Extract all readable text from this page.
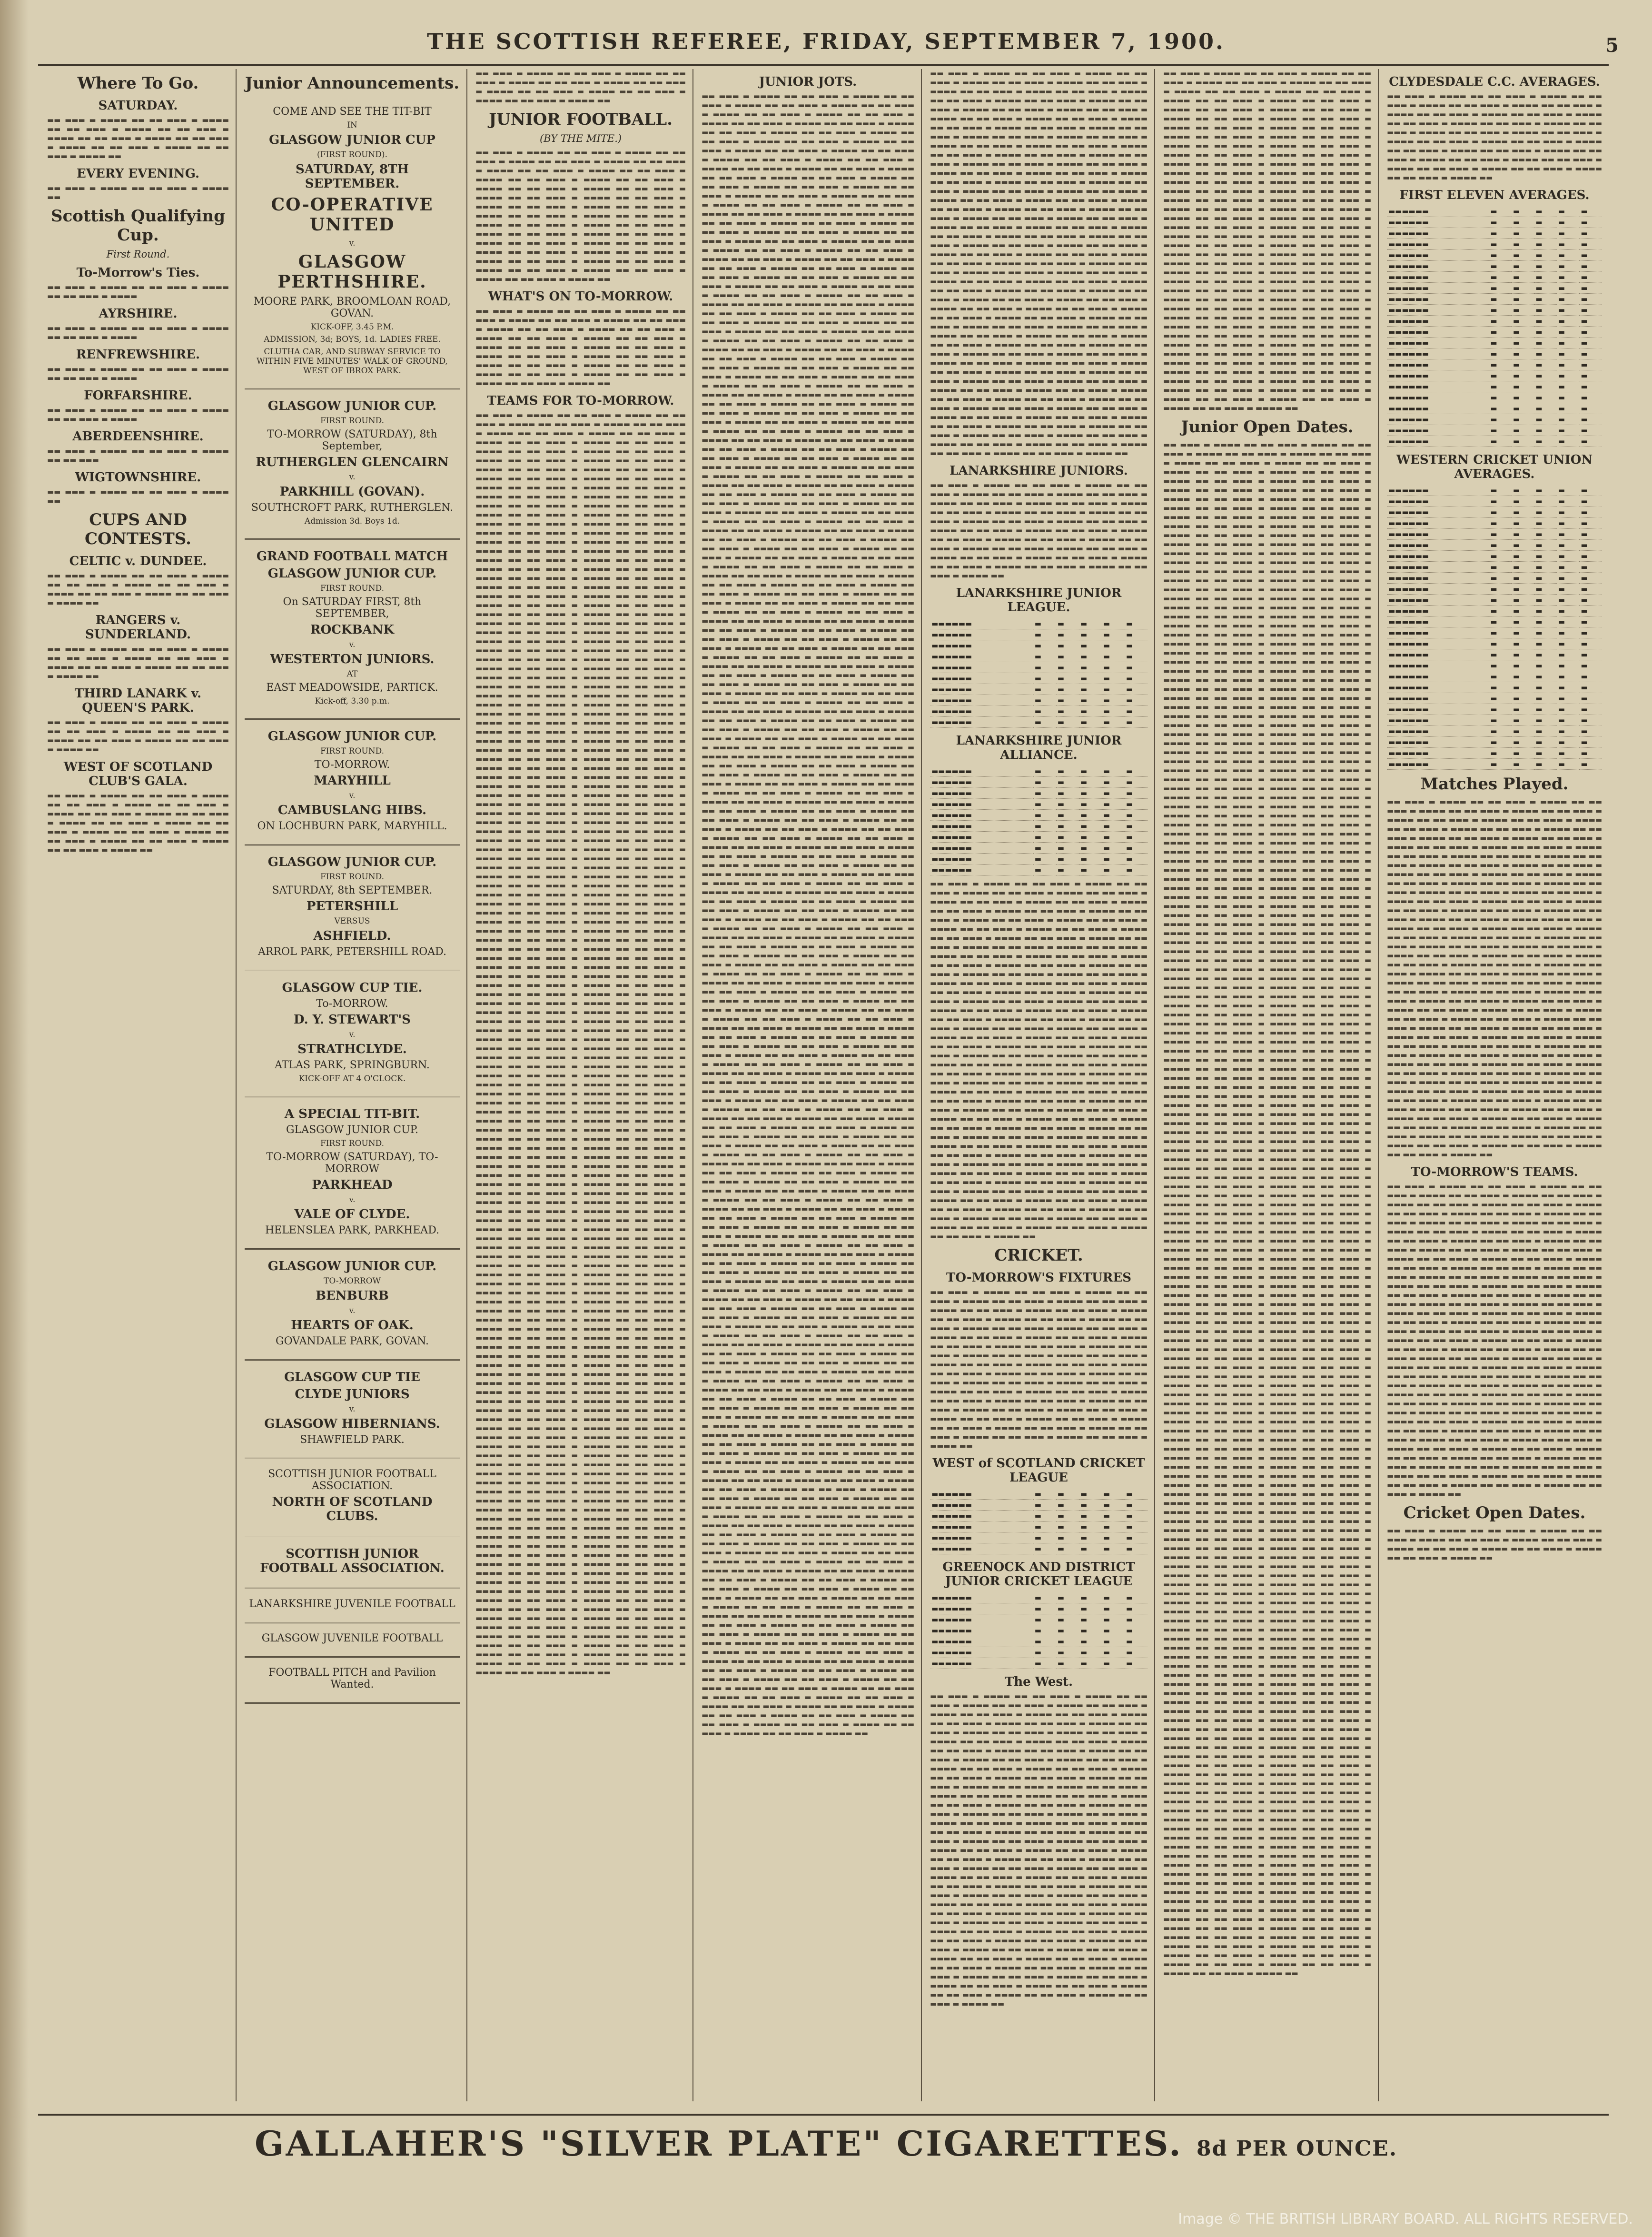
THE SCOTTISH REFEREE, FRIDAY, SEPTEMBER 7, 1900.	5
Where To Go.
SATURDAY.
▬▬ ▬▬▬ ▬ ▬▬▬▬ ▬▬ ▬▬ ▬▬▬ ▬ ▬▬▬▬ ▬▬ ▬▬ ▬▬▬ ▬ ▬▬▬▬ ▬▬ ▬▬ ▬▬▬ ▬ ▬▬▬▬ ▬▬ ▬▬ ▬▬▬ ▬ ▬▬▬▬ ▬▬ ▬▬ ▬▬▬ ▬ ▬▬▬▬ ▬▬ ▬▬ ▬▬▬ ▬ ▬▬▬▬ ▬▬ ▬▬ ▬▬▬ ▬ ▬▬▬▬ ▬▬
EVERY EVENING.
▬▬ ▬▬▬ ▬ ▬▬▬▬ ▬▬ ▬▬ ▬▬▬ ▬ ▬▬▬▬ ▬▬
Scottish Qualifying Cup.
First Round.
To-Morrow's Ties.
▬▬ ▬▬▬ ▬ ▬▬▬▬ ▬▬ ▬▬ ▬▬▬ ▬ ▬▬▬▬ ▬▬ ▬▬ ▬▬▬ ▬ ▬▬▬▬
AYRSHIRE.
▬▬ ▬▬▬ ▬ ▬▬▬▬ ▬▬ ▬▬ ▬▬▬ ▬ ▬▬▬▬ ▬▬ ▬▬ ▬▬▬ ▬ ▬▬▬▬
RENFREWSHIRE.
▬▬ ▬▬▬ ▬ ▬▬▬▬ ▬▬ ▬▬ ▬▬▬ ▬ ▬▬▬▬ ▬▬ ▬▬ ▬▬▬ ▬ ▬▬▬▬
FORFARSHIRE.
▬▬ ▬▬▬ ▬ ▬▬▬▬ ▬▬ ▬▬ ▬▬▬ ▬ ▬▬▬▬ ▬▬ ▬▬ ▬▬▬ ▬ ▬▬▬▬
ABERDEENSHIRE.
▬▬ ▬▬▬ ▬ ▬▬▬▬ ▬▬ ▬▬ ▬▬▬ ▬ ▬▬▬▬ ▬▬ ▬▬ ▬▬▬
WIGTOWNSHIRE.
▬▬ ▬▬▬ ▬ ▬▬▬▬ ▬▬ ▬▬ ▬▬▬ ▬ ▬▬▬▬ ▬▬
CUPS AND CONTESTS.
CELTIC v. DUNDEE.
▬▬ ▬▬▬ ▬ ▬▬▬▬ ▬▬ ▬▬ ▬▬▬ ▬ ▬▬▬▬ ▬▬ ▬▬ ▬▬▬ ▬ ▬▬▬▬ ▬▬ ▬▬ ▬▬▬ ▬ ▬▬▬▬ ▬▬ ▬▬ ▬▬▬ ▬ ▬▬▬▬ ▬▬ ▬▬ ▬▬▬ ▬ ▬▬▬▬ ▬▬
RANGERS v. SUNDERLAND.
▬▬ ▬▬▬ ▬ ▬▬▬▬ ▬▬ ▬▬ ▬▬▬ ▬ ▬▬▬▬ ▬▬ ▬▬ ▬▬▬ ▬ ▬▬▬▬ ▬▬ ▬▬ ▬▬▬ ▬ ▬▬▬▬ ▬▬ ▬▬ ▬▬▬ ▬ ▬▬▬▬ ▬▬ ▬▬ ▬▬▬ ▬ ▬▬▬▬ ▬▬
THIRD LANARK v. QUEEN'S PARK.
▬▬ ▬▬▬ ▬ ▬▬▬▬ ▬▬ ▬▬ ▬▬▬ ▬ ▬▬▬▬ ▬▬ ▬▬ ▬▬▬ ▬ ▬▬▬▬ ▬▬ ▬▬ ▬▬▬ ▬ ▬▬▬▬ ▬▬ ▬▬ ▬▬▬ ▬ ▬▬▬▬ ▬▬ ▬▬ ▬▬▬ ▬ ▬▬▬▬ ▬▬
WEST OF SCOTLAND CLUB'S GALA.
▬▬ ▬▬▬ ▬ ▬▬▬▬ ▬▬ ▬▬ ▬▬▬ ▬ ▬▬▬▬ ▬▬ ▬▬ ▬▬▬ ▬ ▬▬▬▬ ▬▬ ▬▬ ▬▬▬ ▬ ▬▬▬▬ ▬▬ ▬▬ ▬▬▬ ▬ ▬▬▬▬ ▬▬ ▬▬ ▬▬▬ ▬ ▬▬▬▬ ▬▬ ▬▬ ▬▬▬ ▬ ▬▬▬▬ ▬▬ ▬▬ ▬▬▬ ▬ ▬▬▬▬ ▬▬ ▬▬ ▬▬▬ ▬ ▬▬▬▬ ▬▬ ▬▬ ▬▬▬ ▬ ▬▬▬▬ ▬▬ ▬▬ ▬▬▬ ▬ ▬▬▬▬ ▬▬ ▬▬ ▬▬▬ ▬ ▬▬▬▬ ▬▬
Junior Announcements.
COME AND SEE THE TIT-BIT
IN
GLASGOW JUNIOR CUP
(FIRST ROUND).
SATURDAY, 8TH SEPTEMBER.
CO-OPERATIVE UNITED
v.
GLASGOW PERTHSHIRE.
MOORE PARK, BROOMLOAN ROAD, GOVAN.
KICK-OFF, 3.45 P.M.
ADMISSION, 3d; BOYS, 1d. LADIES FREE.
CLUTHA CAR, AND SUBWAY SERVICE TO WITHIN FIVE MINUTES' WALK OF GROUND, WEST OF IBROX PARK.
GLASGOW JUNIOR CUP.
FIRST ROUND.
TO-MORROW (SATURDAY), 8th September,
RUTHERGLEN GLENCAIRN
v.
PARKHILL (GOVAN).
SOUTHCROFT PARK, RUTHERGLEN.
Admission 3d. Boys 1d.
GRAND FOOTBALL MATCH
GLASGOW JUNIOR CUP.
FIRST ROUND.
On SATURDAY FIRST, 8th SEPTEMBER,
ROCKBANK
v.
WESTERTON JUNIORS.
AT
EAST MEADOWSIDE, PARTICK.
Kick-off, 3.30 p.m.
GLASGOW JUNIOR CUP.
FIRST ROUND.
TO-MORROW.
MARYHILL
v.
CAMBUSLANG HIBS.
ON LOCHBURN PARK, MARYHILL.
GLASGOW JUNIOR CUP.
FIRST ROUND.
SATURDAY, 8th SEPTEMBER.
PETERSHILL
VERSUS
ASHFIELD.
ARROL PARK, PETERSHILL ROAD.
GLASGOW CUP TIE.
To-MORROW.
D. Y. STEWART'S
v.
STRATHCLYDE.
ATLAS PARK, SPRINGBURN.
KICK-OFF AT 4 O'CLOCK.
A SPECIAL TIT-BIT.
GLASGOW JUNIOR CUP.
FIRST ROUND.
TO-MORROW (SATURDAY), TO-MORROW
PARKHEAD
v.
VALE OF CLYDE.
HELENSLEA PARK, PARKHEAD.
GLASGOW JUNIOR CUP.
TO-MORROW
BENBURB
v.
HEARTS OF OAK.
GOVANDALE PARK, GOVAN.
GLASGOW CUP TIE
CLYDE JUNIORS
v.
GLASGOW HIBERNIANS.
SHAWFIELD PARK.
SCOTTISH JUNIOR FOOTBALL ASSOCIATION.
NORTH OF SCOTLAND CLUBS.
SCOTTISH JUNIOR FOOTBALL ASSOCIATION.
LANARKSHIRE JUVENILE FOOTBALL
GLASGOW JUVENILE FOOTBALL
FOOTBALL PITCH and Pavilion Wanted.
▬▬ ▬▬▬ ▬ ▬▬▬▬ ▬▬ ▬▬ ▬▬▬ ▬ ▬▬▬▬ ▬▬ ▬▬ ▬▬▬ ▬ ▬▬▬▬ ▬▬ ▬▬ ▬▬▬ ▬ ▬▬▬▬ ▬▬ ▬▬ ▬▬▬ ▬ ▬▬▬▬ ▬▬ ▬▬ ▬▬▬ ▬ ▬▬▬▬ ▬▬ ▬▬ ▬▬▬ ▬ ▬▬▬▬ ▬▬ ▬▬ ▬▬▬ ▬ ▬▬▬▬ ▬▬
JUNIOR FOOTBALL.
(BY THE MITE.)
▬▬ ▬▬▬ ▬ ▬▬▬▬ ▬▬ ▬▬ ▬▬▬ ▬ ▬▬▬▬ ▬▬ ▬▬ ▬▬▬ ▬ ▬▬▬▬ ▬▬ ▬▬ ▬▬▬ ▬ ▬▬▬▬ ▬▬ ▬▬ ▬▬▬ ▬ ▬▬▬▬ ▬▬ ▬▬ ▬▬▬ ▬ ▬▬▬▬ ▬▬ ▬▬ ▬▬▬ ▬ ▬▬▬▬ ▬▬ ▬▬ ▬▬▬ ▬ ▬▬▬▬ ▬▬ ▬▬ ▬▬▬ ▬ ▬▬▬▬ ▬▬ ▬▬ ▬▬▬ ▬ ▬▬▬▬ ▬▬ ▬▬ ▬▬▬ ▬ ▬▬▬▬ ▬▬ ▬▬ ▬▬▬ ▬ ▬▬▬▬ ▬▬ ▬▬ ▬▬▬ ▬ ▬▬▬▬ ▬▬ ▬▬ ▬▬▬ ▬ ▬▬▬▬ ▬▬ ▬▬ ▬▬▬ ▬ ▬▬▬▬ ▬▬ ▬▬ ▬▬▬ ▬ ▬▬▬▬ ▬▬ ▬▬ ▬▬▬ ▬ ▬▬▬▬ ▬▬ ▬▬ ▬▬▬ ▬ ▬▬▬▬ ▬▬ ▬▬ ▬▬▬ ▬ ▬▬▬▬ ▬▬ ▬▬ ▬▬▬ ▬ ▬▬▬▬ ▬▬ ▬▬ ▬▬▬ ▬ ▬▬▬▬ ▬▬ ▬▬ ▬▬▬ ▬ ▬▬▬▬ ▬▬ ▬▬ ▬▬▬ ▬ ▬▬▬▬ ▬▬ ▬▬ ▬▬▬ ▬ ▬▬▬▬ ▬▬ ▬▬ ▬▬▬ ▬ ▬▬▬▬ ▬▬ ▬▬ ▬▬▬ ▬ ▬▬▬▬ ▬▬ ▬▬ ▬▬▬ ▬ ▬▬▬▬ ▬▬ ▬▬ ▬▬▬ ▬ ▬▬▬▬ ▬▬ ▬▬ ▬▬▬ ▬ ▬▬▬▬ ▬▬ ▬▬ ▬▬▬ ▬ ▬▬▬▬ ▬▬
WHAT'S ON TO-MORROW.
▬▬ ▬▬▬ ▬ ▬▬▬▬ ▬▬ ▬▬ ▬▬▬ ▬ ▬▬▬▬ ▬▬ ▬▬ ▬▬▬ ▬ ▬▬▬▬ ▬▬ ▬▬ ▬▬▬ ▬ ▬▬▬▬ ▬▬ ▬▬ ▬▬▬ ▬ ▬▬▬▬ ▬▬ ▬▬ ▬▬▬ ▬ ▬▬▬▬ ▬▬ ▬▬ ▬▬▬ ▬ ▬▬▬▬ ▬▬ ▬▬ ▬▬▬ ▬ ▬▬▬▬ ▬▬ ▬▬ ▬▬▬ ▬ ▬▬▬▬ ▬▬ ▬▬ ▬▬▬ ▬ ▬▬▬▬ ▬▬ ▬▬ ▬▬▬ ▬ ▬▬▬▬ ▬▬ ▬▬ ▬▬▬ ▬ ▬▬▬▬ ▬▬ ▬▬ ▬▬▬ ▬ ▬▬▬▬ ▬▬ ▬▬ ▬▬▬ ▬ ▬▬▬▬ ▬▬ ▬▬ ▬▬▬ ▬ ▬▬▬▬ ▬▬ ▬▬ ▬▬▬ ▬ ▬▬▬▬ ▬▬ ▬▬ ▬▬▬ ▬ ▬▬▬▬ ▬▬ ▬▬ ▬▬▬ ▬ ▬▬▬▬ ▬▬
TEAMS FOR TO-MORROW.
▬▬ ▬▬▬ ▬ ▬▬▬▬ ▬▬ ▬▬ ▬▬▬ ▬ ▬▬▬▬ ▬▬ ▬▬ ▬▬▬ ▬ ▬▬▬▬ ▬▬ ▬▬ ▬▬▬ ▬ ▬▬▬▬ ▬▬ ▬▬ ▬▬▬ ▬ ▬▬▬▬ ▬▬ ▬▬ ▬▬▬ ▬ ▬▬▬▬ ▬▬ ▬▬ ▬▬▬ ▬ ▬▬▬▬ ▬▬ ▬▬ ▬▬▬ ▬ ▬▬▬▬ ▬▬ ▬▬ ▬▬▬ ▬ ▬▬▬▬ ▬▬ ▬▬ ▬▬▬ ▬ ▬▬▬▬ ▬▬ ▬▬ ▬▬▬ ▬ ▬▬▬▬ ▬▬ ▬▬ ▬▬▬ ▬ ▬▬▬▬ ▬▬ ▬▬ ▬▬▬ ▬ ▬▬▬▬ ▬▬ ▬▬ ▬▬▬ ▬ ▬▬▬▬ ▬▬ ▬▬ ▬▬▬ ▬ ▬▬▬▬ ▬▬ ▬▬ ▬▬▬ ▬ ▬▬▬▬ ▬▬ ▬▬ ▬▬▬ ▬ ▬▬▬▬ ▬▬ ▬▬ ▬▬▬ ▬ ▬▬▬▬ ▬▬ ▬▬ ▬▬▬ ▬ ▬▬▬▬ ▬▬ ▬▬ ▬▬▬ ▬ ▬▬▬▬ ▬▬ ▬▬ ▬▬▬ ▬ ▬▬▬▬ ▬▬ ▬▬ ▬▬▬ ▬ ▬▬▬▬ ▬▬ ▬▬ ▬▬▬ ▬ ▬▬▬▬ ▬▬ ▬▬ ▬▬▬ ▬ ▬▬▬▬ ▬▬ ▬▬ ▬▬▬ ▬ ▬▬▬▬ ▬▬ ▬▬ ▬▬▬ ▬ ▬▬▬▬ ▬▬ ▬▬ ▬▬▬ ▬ ▬▬▬▬ ▬▬ ▬▬ ▬▬▬ ▬ ▬▬▬▬ ▬▬ ▬▬ ▬▬▬ ▬ ▬▬▬▬ ▬▬ ▬▬ ▬▬▬ ▬ ▬▬▬▬ ▬▬ ▬▬ ▬▬▬ ▬ ▬▬▬▬ ▬▬ ▬▬ ▬▬▬ ▬ ▬▬▬▬ ▬▬ ▬▬ ▬▬▬ ▬ ▬▬▬▬ ▬▬ ▬▬ ▬▬▬ ▬ ▬▬▬▬ ▬▬ ▬▬ ▬▬▬ ▬ ▬▬▬▬ ▬▬ ▬▬ ▬▬▬ ▬ ▬▬▬▬ ▬▬ ▬▬ ▬▬▬ ▬ ▬▬▬▬ ▬▬ ▬▬ ▬▬▬ ▬ ▬▬▬▬ ▬▬ ▬▬ ▬▬▬ ▬ ▬▬▬▬ ▬▬ ▬▬ ▬▬▬ ▬ ▬▬▬▬ ▬▬ ▬▬ ▬▬▬ ▬ ▬▬▬▬ ▬▬ ▬▬ ▬▬▬ ▬ ▬▬▬▬ ▬▬ ▬▬ ▬▬▬ ▬ ▬▬▬▬ ▬▬ ▬▬ ▬▬▬ ▬ ▬▬▬▬ ▬▬ ▬▬ ▬▬▬ ▬ ▬▬▬▬ ▬▬ ▬▬ ▬▬▬ ▬ ▬▬▬▬ ▬▬ ▬▬ ▬▬▬ ▬ ▬▬▬▬ ▬▬ ▬▬ ▬▬▬ ▬ ▬▬▬▬ ▬▬ ▬▬ ▬▬▬ ▬ ▬▬▬▬ ▬▬ ▬▬ ▬▬▬ ▬ ▬▬▬▬ ▬▬ ▬▬ ▬▬▬ ▬ ▬▬▬▬ ▬▬ ▬▬ ▬▬▬ ▬ ▬▬▬▬ ▬▬ ▬▬ ▬▬▬ ▬ ▬▬▬▬ ▬▬ ▬▬ ▬▬▬ ▬ ▬▬▬▬ ▬▬ ▬▬ ▬▬▬ ▬ ▬▬▬▬ ▬▬ ▬▬ ▬▬▬ ▬ ▬▬▬▬ ▬▬ ▬▬ ▬▬▬ ▬ ▬▬▬▬ ▬▬ ▬▬ ▬▬▬ ▬ ▬▬▬▬ ▬▬ ▬▬ ▬▬▬ ▬ ▬▬▬▬ ▬▬ ▬▬ ▬▬▬ ▬ ▬▬▬▬ ▬▬ ▬▬ ▬▬▬ ▬ ▬▬▬▬ ▬▬ ▬▬ ▬▬▬ ▬ ▬▬▬▬ ▬▬ ▬▬ ▬▬▬ ▬ ▬▬▬▬ ▬▬ ▬▬ ▬▬▬ ▬ ▬▬▬▬ ▬▬ ▬▬ ▬▬▬ ▬ ▬▬▬▬ ▬▬ ▬▬ ▬▬▬ ▬ ▬▬▬▬ ▬▬ ▬▬ ▬▬▬ ▬ ▬▬▬▬ ▬▬ ▬▬ ▬▬▬ ▬ ▬▬▬▬ ▬▬ ▬▬ ▬▬▬ ▬ ▬▬▬▬ ▬▬ ▬▬ ▬▬▬ ▬ ▬▬▬▬ ▬▬ ▬▬ ▬▬▬ ▬ ▬▬▬▬ ▬▬ ▬▬ ▬▬▬ ▬ ▬▬▬▬ ▬▬ ▬▬ ▬▬▬ ▬ ▬▬▬▬ ▬▬ ▬▬ ▬▬▬ ▬ ▬▬▬▬ ▬▬ ▬▬ ▬▬▬ ▬ ▬▬▬▬ ▬▬ ▬▬ ▬▬▬ ▬ ▬▬▬▬ ▬▬ ▬▬ ▬▬▬ ▬ ▬▬▬▬ ▬▬ ▬▬ ▬▬▬ ▬ ▬▬▬▬ ▬▬ ▬▬ ▬▬▬ ▬ ▬▬▬▬ ▬▬ ▬▬ ▬▬▬ ▬ ▬▬▬▬ ▬▬ ▬▬ ▬▬▬ ▬ ▬▬▬▬ ▬▬ ▬▬ ▬▬▬ ▬ ▬▬▬▬ ▬▬ ▬▬ ▬▬▬ ▬ ▬▬▬▬ ▬▬ ▬▬ ▬▬▬ ▬ ▬▬▬▬ ▬▬ ▬▬ ▬▬▬ ▬ ▬▬▬▬ ▬▬ ▬▬ ▬▬▬ ▬ ▬▬▬▬ ▬▬ ▬▬ ▬▬▬ ▬ ▬▬▬▬ ▬▬ ▬▬ ▬▬▬ ▬ ▬▬▬▬ ▬▬ ▬▬ ▬▬▬ ▬ ▬▬▬▬ ▬▬ ▬▬ ▬▬▬ ▬ ▬▬▬▬ ▬▬ ▬▬ ▬▬▬ ▬ ▬▬▬▬ ▬▬ ▬▬ ▬▬▬ ▬ ▬▬▬▬ ▬▬ ▬▬ ▬▬▬ ▬ ▬▬▬▬ ▬▬ ▬▬ ▬▬▬ ▬ ▬▬▬▬ ▬▬ ▬▬ ▬▬▬ ▬ ▬▬▬▬ ▬▬ ▬▬ ▬▬▬ ▬ ▬▬▬▬ ▬▬ ▬▬ ▬▬▬ ▬ ▬▬▬▬ ▬▬ ▬▬ ▬▬▬ ▬ ▬▬▬▬ ▬▬ ▬▬ ▬▬▬ ▬ ▬▬▬▬ ▬▬ ▬▬ ▬▬▬ ▬ ▬▬▬▬ ▬▬ ▬▬ ▬▬▬ ▬ ▬▬▬▬ ▬▬ ▬▬ ▬▬▬ ▬ ▬▬▬▬ ▬▬ ▬▬ ▬▬▬ ▬ ▬▬▬▬ ▬▬ ▬▬ ▬▬▬ ▬ ▬▬▬▬ ▬▬ ▬▬ ▬▬▬ ▬ ▬▬▬▬ ▬▬ ▬▬ ▬▬▬ ▬ ▬▬▬▬ ▬▬ ▬▬ ▬▬▬ ▬ ▬▬▬▬ ▬▬ ▬▬ ▬▬▬ ▬ ▬▬▬▬ ▬▬ ▬▬ ▬▬▬ ▬ ▬▬▬▬ ▬▬ ▬▬ ▬▬▬ ▬ ▬▬▬▬ ▬▬ ▬▬ ▬▬▬ ▬ ▬▬▬▬ ▬▬ ▬▬ ▬▬▬ ▬ ▬▬▬▬ ▬▬ ▬▬ ▬▬▬ ▬ ▬▬▬▬ ▬▬ ▬▬ ▬▬▬ ▬ ▬▬▬▬ ▬▬ ▬▬ ▬▬▬ ▬ ▬▬▬▬ ▬▬ ▬▬ ▬▬▬ ▬ ▬▬▬▬ ▬▬ ▬▬ ▬▬▬ ▬ ▬▬▬▬ ▬▬ ▬▬ ▬▬▬ ▬ ▬▬▬▬ ▬▬ ▬▬ ▬▬▬ ▬ ▬▬▬▬ ▬▬ ▬▬ ▬▬▬ ▬ ▬▬▬▬ ▬▬ ▬▬ ▬▬▬ ▬ ▬▬▬▬ ▬▬ ▬▬ ▬▬▬ ▬ ▬▬▬▬ ▬▬ ▬▬ ▬▬▬ ▬ ▬▬▬▬ ▬▬ ▬▬ ▬▬▬ ▬ ▬▬▬▬ ▬▬ ▬▬ ▬▬▬ ▬ ▬▬▬▬ ▬▬ ▬▬ ▬▬▬ ▬ ▬▬▬▬ ▬▬ ▬▬ ▬▬▬ ▬ ▬▬▬▬ ▬▬ ▬▬ ▬▬▬ ▬ ▬▬▬▬ ▬▬ ▬▬ ▬▬▬ ▬ ▬▬▬▬ ▬▬ ▬▬ ▬▬▬ ▬ ▬▬▬▬ ▬▬ ▬▬ ▬▬▬ ▬ ▬▬▬▬ ▬▬ ▬▬ ▬▬▬ ▬ ▬▬▬▬ ▬▬ ▬▬ ▬▬▬ ▬ ▬▬▬▬ ▬▬ ▬▬ ▬▬▬ ▬ ▬▬▬▬ ▬▬ ▬▬ ▬▬▬ ▬ ▬▬▬▬ ▬▬ ▬▬ ▬▬▬ ▬ ▬▬▬▬ ▬▬ ▬▬ ▬▬▬ ▬ ▬▬▬▬ ▬▬ ▬▬ ▬▬▬ ▬ ▬▬▬▬ ▬▬ ▬▬ ▬▬▬ ▬ ▬▬▬▬ ▬▬ ▬▬ ▬▬▬ ▬ ▬▬▬▬ ▬▬ ▬▬ ▬▬▬ ▬ ▬▬▬▬ ▬▬ ▬▬ ▬▬▬ ▬ ▬▬▬▬ ▬▬ ▬▬ ▬▬▬ ▬ ▬▬▬▬ ▬▬ ▬▬ ▬▬▬ ▬ ▬▬▬▬ ▬▬ ▬▬ ▬▬▬ ▬ ▬▬▬▬ ▬▬ ▬▬ ▬▬▬ ▬ ▬▬▬▬ ▬▬ ▬▬ ▬▬▬ ▬ ▬▬▬▬ ▬▬ ▬▬ ▬▬▬ ▬ ▬▬▬▬ ▬▬ ▬▬ ▬▬▬ ▬ ▬▬▬▬ ▬▬ ▬▬ ▬▬▬ ▬ ▬▬▬▬ ▬▬ ▬▬ ▬▬▬ ▬ ▬▬▬▬ ▬▬ ▬▬ ▬▬▬ ▬ ▬▬▬▬ ▬▬ ▬▬ ▬▬▬ ▬ ▬▬▬▬ ▬▬ ▬▬ ▬▬▬ ▬ ▬▬▬▬ ▬▬ ▬▬ ▬▬▬ ▬ ▬▬▬▬ ▬▬ ▬▬ ▬▬▬ ▬ ▬▬▬▬ ▬▬ ▬▬ ▬▬▬ ▬ ▬▬▬▬ ▬▬ ▬▬ ▬▬▬ ▬ ▬▬▬▬ ▬▬ ▬▬ ▬▬▬ ▬ ▬▬▬▬ ▬▬ ▬▬ ▬▬▬ ▬ ▬▬▬▬ ▬▬ ▬▬ ▬▬▬ ▬ ▬▬▬▬ ▬▬ ▬▬ ▬▬▬ ▬ ▬▬▬▬ ▬▬ ▬▬ ▬▬▬ ▬ ▬▬▬▬ ▬▬ ▬▬ ▬▬▬ ▬ ▬▬▬▬ ▬▬ ▬▬ ▬▬▬ ▬ ▬▬▬▬ ▬▬ ▬▬ ▬▬▬ ▬ ▬▬▬▬ ▬▬ ▬▬ ▬▬▬ ▬ ▬▬▬▬ ▬▬ ▬▬ ▬▬▬ ▬ ▬▬▬▬ ▬▬ ▬▬ ▬▬▬ ▬ ▬▬▬▬ ▬▬ ▬▬ ▬▬▬ ▬ ▬▬▬▬ ▬▬ ▬▬ ▬▬▬ ▬ ▬▬▬▬ ▬▬ ▬▬ ▬▬▬ ▬ ▬▬▬▬ ▬▬ ▬▬ ▬▬▬ ▬ ▬▬▬▬ ▬▬ ▬▬ ▬▬▬ ▬ ▬▬▬▬ ▬▬ ▬▬ ▬▬▬ ▬ ▬▬▬▬ ▬▬ ▬▬ ▬▬▬ ▬ ▬▬▬▬ ▬▬ ▬▬ ▬▬▬ ▬ ▬▬▬▬ ▬▬ ▬▬ ▬▬▬ ▬ ▬▬▬▬ ▬▬ ▬▬ ▬▬▬ ▬ ▬▬▬▬ ▬▬ ▬▬ ▬▬▬ ▬ ▬▬▬▬ ▬▬ ▬▬ ▬▬▬ ▬ ▬▬▬▬ ▬▬ ▬▬ ▬▬▬ ▬ ▬▬▬▬ ▬▬ ▬▬ ▬▬▬ ▬ ▬▬▬▬ ▬▬ ▬▬ ▬▬▬ ▬ ▬▬▬▬ ▬▬ ▬▬ ▬▬▬ ▬ ▬▬▬▬ ▬▬ ▬▬ ▬▬▬ ▬ ▬▬▬▬ ▬▬ ▬▬ ▬▬▬ ▬ ▬▬▬▬ ▬▬ ▬▬ ▬▬▬ ▬ ▬▬▬▬ ▬▬ ▬▬ ▬▬▬ ▬ ▬▬▬▬ ▬▬ ▬▬ ▬▬▬ ▬ ▬▬▬▬ ▬▬ ▬▬ ▬▬▬ ▬ ▬▬▬▬ ▬▬ ▬▬ ▬▬▬ ▬ ▬▬▬▬ ▬▬ ▬▬ ▬▬▬ ▬ ▬▬▬▬ ▬▬ ▬▬ ▬▬▬ ▬ ▬▬▬▬ ▬▬ ▬▬ ▬▬▬ ▬ ▬▬▬▬ ▬▬ ▬▬ ▬▬▬ ▬ ▬▬▬▬ ▬▬ ▬▬ ▬▬▬ ▬ ▬▬▬▬ ▬▬ ▬▬ ▬▬▬ ▬ ▬▬▬▬ ▬▬ ▬▬ ▬▬▬ ▬ ▬▬▬▬ ▬▬ ▬▬ ▬▬▬ ▬ ▬▬▬▬ ▬▬ ▬▬ ▬▬▬ ▬ ▬▬▬▬ ▬▬ ▬▬ ▬▬▬ ▬ ▬▬▬▬ ▬▬ ▬▬ ▬▬▬ ▬ ▬▬▬▬ ▬▬ ▬▬ ▬▬▬ ▬ ▬▬▬▬ ▬▬ ▬▬ ▬▬▬ ▬ ▬▬▬▬ ▬▬ ▬▬ ▬▬▬ ▬ ▬▬▬▬ ▬▬ ▬▬ ▬▬▬ ▬ ▬▬▬▬ ▬▬ ▬▬ ▬▬▬ ▬ ▬▬▬▬ ▬▬ ▬▬ ▬▬▬ ▬ ▬▬▬▬ ▬▬ ▬▬ ▬▬▬ ▬ ▬▬▬▬ ▬▬ ▬▬ ▬▬▬ ▬ ▬▬▬▬ ▬▬ ▬▬ ▬▬▬ ▬ ▬▬▬▬ ▬▬ ▬▬ ▬▬▬ ▬ ▬▬▬▬ ▬▬ ▬▬ ▬▬▬ ▬ ▬▬▬▬ ▬▬ ▬▬ ▬▬▬ ▬ ▬▬▬▬ ▬▬ ▬▬ ▬▬▬ ▬ ▬▬▬▬ ▬▬ ▬▬ ▬▬▬ ▬ ▬▬▬▬ ▬▬ ▬▬ ▬▬▬ ▬ ▬▬▬▬ ▬▬ ▬▬ ▬▬▬ ▬ ▬▬▬▬ ▬▬ ▬▬ ▬▬▬ ▬ ▬▬▬▬ ▬▬ ▬▬ ▬▬▬ ▬ ▬▬▬▬ ▬▬ ▬▬ ▬▬▬ ▬ ▬▬▬▬ ▬▬ ▬▬ ▬▬▬ ▬ ▬▬▬▬ ▬▬ ▬▬ ▬▬▬ ▬ ▬▬▬▬ ▬▬ ▬▬ ▬▬▬ ▬ ▬▬▬▬ ▬▬ ▬▬ ▬▬▬ ▬ ▬▬▬▬ ▬▬ ▬▬ ▬▬▬ ▬ ▬▬▬▬ ▬▬ ▬▬ ▬▬▬ ▬ ▬▬▬▬ ▬▬ ▬▬ ▬▬▬ ▬ ▬▬▬▬ ▬▬ ▬▬ ▬▬▬ ▬ ▬▬▬▬ ▬▬ ▬▬ ▬▬▬ ▬ ▬▬▬▬ ▬▬ ▬▬ ▬▬▬ ▬ ▬▬▬▬ ▬▬ ▬▬ ▬▬▬ ▬ ▬▬▬▬ ▬▬ ▬▬ ▬▬▬ ▬ ▬▬▬▬ ▬▬ ▬▬ ▬▬▬ ▬ ▬▬▬▬ ▬▬ ▬▬ ▬▬▬ ▬ ▬▬▬▬ ▬▬ ▬▬ ▬▬▬ ▬ ▬▬▬▬ ▬▬ ▬▬ ▬▬▬ ▬ ▬▬▬▬ ▬▬ ▬▬ ▬▬▬ ▬ ▬▬▬▬ ▬▬ ▬▬ ▬▬▬ ▬ ▬▬▬▬ ▬▬ ▬▬ ▬▬▬ ▬ ▬▬▬▬ ▬▬ ▬▬ ▬▬▬ ▬ ▬▬▬▬ ▬▬ ▬▬ ▬▬▬ ▬ ▬▬▬▬ ▬▬ ▬▬ ▬▬▬ ▬ ▬▬▬▬ ▬▬ ▬▬ ▬▬▬ ▬ ▬▬▬▬ ▬▬ ▬▬ ▬▬▬ ▬ ▬▬▬▬ ▬▬ ▬▬ ▬▬▬ ▬ ▬▬▬▬ ▬▬ ▬▬ ▬▬▬ ▬ ▬▬▬▬ ▬▬ ▬▬ ▬▬▬ ▬ ▬▬▬▬ ▬▬ ▬▬ ▬▬▬ ▬ ▬▬▬▬ ▬▬ ▬▬ ▬▬▬ ▬ ▬▬▬▬ ▬▬ ▬▬ ▬▬▬ ▬ ▬▬▬▬ ▬▬ ▬▬ ▬▬▬ ▬ ▬▬▬▬ ▬▬ ▬▬ ▬▬▬ ▬ ▬▬▬▬ ▬▬ ▬▬ ▬▬▬ ▬ ▬▬▬▬ ▬▬ ▬▬ ▬▬▬ ▬ ▬▬▬▬ ▬▬ ▬▬ ▬▬▬ ▬ ▬▬▬▬ ▬▬ ▬▬ ▬▬▬ ▬ ▬▬▬▬ ▬▬ ▬▬ ▬▬▬ ▬ ▬▬▬▬ ▬▬ ▬▬ ▬▬▬ ▬ ▬▬▬▬ ▬▬ ▬▬ ▬▬▬ ▬ ▬▬▬▬ ▬▬ ▬▬ ▬▬▬ ▬ ▬▬▬▬ ▬▬ ▬▬ ▬▬▬ ▬ ▬▬▬▬ ▬▬ ▬▬ ▬▬▬ ▬ ▬▬▬▬ ▬▬ ▬▬ ▬▬▬ ▬ ▬▬▬▬ ▬▬ ▬▬ ▬▬▬ ▬ ▬▬▬▬ ▬▬ ▬▬ ▬▬▬ ▬ ▬▬▬▬ ▬▬ ▬▬ ▬▬▬ ▬ ▬▬▬▬ ▬▬ ▬▬ ▬▬▬ ▬ ▬▬▬▬ ▬▬ ▬▬ ▬▬▬ ▬ ▬▬▬▬ ▬▬ ▬▬ ▬▬▬ ▬ ▬▬▬▬ ▬▬ ▬▬ ▬▬▬ ▬ ▬▬▬▬ ▬▬ ▬▬ ▬▬▬ ▬ ▬▬▬▬ ▬▬ ▬▬ ▬▬▬ ▬ ▬▬▬▬ ▬▬ ▬▬ ▬▬▬ ▬ ▬▬▬▬ ▬▬ ▬▬ ▬▬▬ ▬ ▬▬▬▬ ▬▬ ▬▬ ▬▬▬ ▬ ▬▬▬▬ ▬▬ ▬▬ ▬▬▬ ▬ ▬▬▬▬ ▬▬ ▬▬ ▬▬▬ ▬ ▬▬▬▬ ▬▬ ▬▬ ▬▬▬ ▬ ▬▬▬▬ ▬▬
JUNIOR JOTS.
▬▬ ▬▬▬ ▬ ▬▬▬▬ ▬▬ ▬▬ ▬▬▬ ▬ ▬▬▬▬ ▬▬ ▬▬ ▬▬▬ ▬ ▬▬▬▬ ▬▬ ▬▬ ▬▬▬ ▬ ▬▬▬▬ ▬▬ ▬▬ ▬▬▬ ▬ ▬▬▬▬ ▬▬ ▬▬ ▬▬▬ ▬ ▬▬▬▬ ▬▬ ▬▬ ▬▬▬ ▬ ▬▬▬▬ ▬▬ ▬▬ ▬▬▬ ▬ ▬▬▬▬ ▬▬ ▬▬ ▬▬▬ ▬ ▬▬▬▬ ▬▬ ▬▬ ▬▬▬ ▬ ▬▬▬▬ ▬▬ ▬▬ ▬▬▬ ▬ ▬▬▬▬ ▬▬ ▬▬ ▬▬▬ ▬ ▬▬▬▬ ▬▬ ▬▬ ▬▬▬ ▬ ▬▬▬▬ ▬▬ ▬▬ ▬▬▬ ▬ ▬▬▬▬ ▬▬ ▬▬ ▬▬▬ ▬ ▬▬▬▬ ▬▬ ▬▬ ▬▬▬ ▬ ▬▬▬▬ ▬▬ ▬▬ ▬▬▬ ▬ ▬▬▬▬ ▬▬ ▬▬ ▬▬▬ ▬ ▬▬▬▬ ▬▬ ▬▬ ▬▬▬ ▬ ▬▬▬▬ ▬▬ ▬▬ ▬▬▬ ▬ ▬▬▬▬ ▬▬ ▬▬ ▬▬▬ ▬ ▬▬▬▬ ▬▬ ▬▬ ▬▬▬ ▬ ▬▬▬▬ ▬▬ ▬▬ ▬▬▬ ▬ ▬▬▬▬ ▬▬ ▬▬ ▬▬▬ ▬ ▬▬▬▬ ▬▬ ▬▬ ▬▬▬ ▬ ▬▬▬▬ ▬▬ ▬▬ ▬▬▬ ▬ ▬▬▬▬ ▬▬ ▬▬ ▬▬▬ ▬ ▬▬▬▬ ▬▬ ▬▬ ▬▬▬ ▬ ▬▬▬▬ ▬▬ ▬▬ ▬▬▬ ▬ ▬▬▬▬ ▬▬ ▬▬ ▬▬▬ ▬ ▬▬▬▬ ▬▬ ▬▬ ▬▬▬ ▬ ▬▬▬▬ ▬▬ ▬▬ ▬▬▬ ▬ ▬▬▬▬ ▬▬ ▬▬ ▬▬▬ ▬ ▬▬▬▬ ▬▬ ▬▬ ▬▬▬ ▬ ▬▬▬▬ ▬▬ ▬▬ ▬▬▬ ▬ ▬▬▬▬ ▬▬ ▬▬ ▬▬▬ ▬ ▬▬▬▬ ▬▬ ▬▬ ▬▬▬ ▬ ▬▬▬▬ ▬▬ ▬▬ ▬▬▬ ▬ ▬▬▬▬ ▬▬ ▬▬ ▬▬▬ ▬ ▬▬▬▬ ▬▬ ▬▬ ▬▬▬ ▬ ▬▬▬▬ ▬▬ ▬▬ ▬▬▬ ▬ ▬▬▬▬ ▬▬ ▬▬ ▬▬▬ ▬ ▬▬▬▬ ▬▬ ▬▬ ▬▬▬ ▬ ▬▬▬▬ ▬▬ ▬▬ ▬▬▬ ▬ ▬▬▬▬ ▬▬ ▬▬ ▬▬▬ ▬ ▬▬▬▬ ▬▬ ▬▬ ▬▬▬ ▬ ▬▬▬▬ ▬▬ ▬▬ ▬▬▬ ▬ ▬▬▬▬ ▬▬ ▬▬ ▬▬▬ ▬ ▬▬▬▬ ▬▬ ▬▬ ▬▬▬ ▬ ▬▬▬▬ ▬▬ ▬▬ ▬▬▬ ▬ ▬▬▬▬ ▬▬ ▬▬ ▬▬▬ ▬ ▬▬▬▬ ▬▬ ▬▬ ▬▬▬ ▬ ▬▬▬▬ ▬▬ ▬▬ ▬▬▬ ▬ ▬▬▬▬ ▬▬ ▬▬ ▬▬▬ ▬ ▬▬▬▬ ▬▬ ▬▬ ▬▬▬ ▬ ▬▬▬▬ ▬▬ ▬▬ ▬▬▬ ▬ ▬▬▬▬ ▬▬ ▬▬ ▬▬▬ ▬ ▬▬▬▬ ▬▬ ▬▬ ▬▬▬ ▬ ▬▬▬▬ ▬▬ ▬▬ ▬▬▬ ▬ ▬▬▬▬ ▬▬ ▬▬ ▬▬▬ ▬ ▬▬▬▬ ▬▬ ▬▬ ▬▬▬ ▬ ▬▬▬▬ ▬▬ ▬▬ ▬▬▬ ▬ ▬▬▬▬ ▬▬ ▬▬ ▬▬▬ ▬ ▬▬▬▬ ▬▬ ▬▬ ▬▬▬ ▬ ▬▬▬▬ ▬▬ ▬▬ ▬▬▬ ▬ ▬▬▬▬ ▬▬ ▬▬ ▬▬▬ ▬ ▬▬▬▬ ▬▬ ▬▬ ▬▬▬ ▬ ▬▬▬▬ ▬▬ ▬▬ ▬▬▬ ▬ ▬▬▬▬ ▬▬ ▬▬ ▬▬▬ ▬ ▬▬▬▬ ▬▬ ▬▬ ▬▬▬ ▬ ▬▬▬▬ ▬▬ ▬▬ ▬▬▬ ▬ ▬▬▬▬ ▬▬ ▬▬ ▬▬▬ ▬ ▬▬▬▬ ▬▬ ▬▬ ▬▬▬ ▬ ▬▬▬▬ ▬▬ ▬▬ ▬▬▬ ▬ ▬▬▬▬ ▬▬ ▬▬ ▬▬▬ ▬ ▬▬▬▬ ▬▬ ▬▬ ▬▬▬ ▬ ▬▬▬▬ ▬▬ ▬▬ ▬▬▬ ▬ ▬▬▬▬ ▬▬ ▬▬ ▬▬▬ ▬ ▬▬▬▬ ▬▬ ▬▬ ▬▬▬ ▬ ▬▬▬▬ ▬▬ ▬▬ ▬▬▬ ▬ ▬▬▬▬ ▬▬ ▬▬ ▬▬▬ ▬ ▬▬▬▬ ▬▬ ▬▬ ▬▬▬ ▬ ▬▬▬▬ ▬▬ ▬▬ ▬▬▬ ▬ ▬▬▬▬ ▬▬ ▬▬ ▬▬▬ ▬ ▬▬▬▬ ▬▬ ▬▬ ▬▬▬ ▬ ▬▬▬▬ ▬▬ ▬▬ ▬▬▬ ▬ ▬▬▬▬ ▬▬ ▬▬ ▬▬▬ ▬ ▬▬▬▬ ▬▬ ▬▬ ▬▬▬ ▬ ▬▬▬▬ ▬▬ ▬▬ ▬▬▬ ▬ ▬▬▬▬ ▬▬ ▬▬ ▬▬▬ ▬ ▬▬▬▬ ▬▬ ▬▬ ▬▬▬ ▬ ▬▬▬▬ ▬▬ ▬▬ ▬▬▬ ▬ ▬▬▬▬ ▬▬ ▬▬ ▬▬▬ ▬ ▬▬▬▬ ▬▬ ▬▬ ▬▬▬ ▬ ▬▬▬▬ ▬▬ ▬▬ ▬▬▬ ▬ ▬▬▬▬ ▬▬ ▬▬ ▬▬▬ ▬ ▬▬▬▬ ▬▬ ▬▬ ▬▬▬ ▬ ▬▬▬▬ ▬▬ ▬▬ ▬▬▬ ▬ ▬▬▬▬ ▬▬ ▬▬ ▬▬▬ ▬ ▬▬▬▬ ▬▬ ▬▬ ▬▬▬ ▬ ▬▬▬▬ ▬▬ ▬▬ ▬▬▬ ▬ ▬▬▬▬ ▬▬ ▬▬ ▬▬▬ ▬ ▬▬▬▬ ▬▬ ▬▬ ▬▬▬ ▬ ▬▬▬▬ ▬▬ ▬▬ ▬▬▬ ▬ ▬▬▬▬ ▬▬ ▬▬ ▬▬▬ ▬ ▬▬▬▬ ▬▬ ▬▬ ▬▬▬ ▬ ▬▬▬▬ ▬▬ ▬▬ ▬▬▬ ▬ ▬▬▬▬ ▬▬ ▬▬ ▬▬▬ ▬ ▬▬▬▬ ▬▬ ▬▬ ▬▬▬ ▬ ▬▬▬▬ ▬▬ ▬▬ ▬▬▬ ▬ ▬▬▬▬ ▬▬ ▬▬ ▬▬▬ ▬ ▬▬▬▬ ▬▬ ▬▬ ▬▬▬ ▬ ▬▬▬▬ ▬▬ ▬▬ ▬▬▬ ▬ ▬▬▬▬ ▬▬ ▬▬ ▬▬▬ ▬ ▬▬▬▬ ▬▬ ▬▬ ▬▬▬ ▬ ▬▬▬▬ ▬▬ ▬▬ ▬▬▬ ▬ ▬▬▬▬ ▬▬ ▬▬ ▬▬▬ ▬ ▬▬▬▬ ▬▬ ▬▬ ▬▬▬ ▬ ▬▬▬▬ ▬▬ ▬▬ ▬▬▬ ▬ ▬▬▬▬ ▬▬ ▬▬ ▬▬▬ ▬ ▬▬▬▬ ▬▬ ▬▬ ▬▬▬ ▬ ▬▬▬▬ ▬▬ ▬▬ ▬▬▬ ▬ ▬▬▬▬ ▬▬ ▬▬ ▬▬▬ ▬ ▬▬▬▬ ▬▬ ▬▬ ▬▬▬ ▬ ▬▬▬▬ ▬▬ ▬▬ ▬▬▬ ▬ ▬▬▬▬ ▬▬ ▬▬ ▬▬▬ ▬ ▬▬▬▬ ▬▬ ▬▬ ▬▬▬ ▬ ▬▬▬▬ ▬▬ ▬▬ ▬▬▬ ▬ ▬▬▬▬ ▬▬ ▬▬ ▬▬▬ ▬ ▬▬▬▬ ▬▬ ▬▬ ▬▬▬ ▬ ▬▬▬▬ ▬▬ ▬▬ ▬▬▬ ▬ ▬▬▬▬ ▬▬ ▬▬ ▬▬▬ ▬ ▬▬▬▬ ▬▬ ▬▬ ▬▬▬ ▬ ▬▬▬▬ ▬▬ ▬▬ ▬▬▬ ▬ ▬▬▬▬ ▬▬ ▬▬ ▬▬▬ ▬ ▬▬▬▬ ▬▬ ▬▬ ▬▬▬ ▬ ▬▬▬▬ ▬▬ ▬▬ ▬▬▬ ▬ ▬▬▬▬ ▬▬ ▬▬ ▬▬▬ ▬ ▬▬▬▬ ▬▬ ▬▬ ▬▬▬ ▬ ▬▬▬▬ ▬▬ ▬▬ ▬▬▬ ▬ ▬▬▬▬ ▬▬ ▬▬ ▬▬▬ ▬ ▬▬▬▬ ▬▬ ▬▬ ▬▬▬ ▬ ▬▬▬▬ ▬▬ ▬▬ ▬▬▬ ▬ ▬▬▬▬ ▬▬ ▬▬ ▬▬▬ ▬ ▬▬▬▬ ▬▬ ▬▬ ▬▬▬ ▬ ▬▬▬▬ ▬▬ ▬▬ ▬▬▬ ▬ ▬▬▬▬ ▬▬ ▬▬ ▬▬▬ ▬ ▬▬▬▬ ▬▬ ▬▬ ▬▬▬ ▬ ▬▬▬▬ ▬▬ ▬▬ ▬▬▬ ▬ ▬▬▬▬ ▬▬ ▬▬ ▬▬▬ ▬ ▬▬▬▬ ▬▬ ▬▬ ▬▬▬ ▬ ▬▬▬▬ ▬▬ ▬▬ ▬▬▬ ▬ ▬▬▬▬ ▬▬ ▬▬ ▬▬▬ ▬ ▬▬▬▬ ▬▬ ▬▬ ▬▬▬ ▬ ▬▬▬▬ ▬▬ ▬▬ ▬▬▬ ▬ ▬▬▬▬ ▬▬ ▬▬ ▬▬▬ ▬ ▬▬▬▬ ▬▬ ▬▬ ▬▬▬ ▬ ▬▬▬▬ ▬▬ ▬▬ ▬▬▬ ▬ ▬▬▬▬ ▬▬ ▬▬ ▬▬▬ ▬ ▬▬▬▬ ▬▬ ▬▬ ▬▬▬ ▬ ▬▬▬▬ ▬▬ ▬▬ ▬▬▬ ▬ ▬▬▬▬ ▬▬ ▬▬ ▬▬▬ ▬ ▬▬▬▬ ▬▬ ▬▬ ▬▬▬ ▬ ▬▬▬▬ ▬▬ ▬▬ ▬▬▬ ▬ ▬▬▬▬ ▬▬ ▬▬ ▬▬▬ ▬ ▬▬▬▬ ▬▬ ▬▬ ▬▬▬ ▬ ▬▬▬▬ ▬▬ ▬▬ ▬▬▬ ▬ ▬▬▬▬ ▬▬ ▬▬ ▬▬▬ ▬ ▬▬▬▬ ▬▬ ▬▬ ▬▬▬ ▬ ▬▬▬▬ ▬▬ ▬▬ ▬▬▬ ▬ ▬▬▬▬ ▬▬ ▬▬ ▬▬▬ ▬ ▬▬▬▬ ▬▬ ▬▬ ▬▬▬ ▬ ▬▬▬▬ ▬▬ ▬▬ ▬▬▬ ▬ ▬▬▬▬ ▬▬ ▬▬ ▬▬▬ ▬ ▬▬▬▬ ▬▬ ▬▬ ▬▬▬ ▬ ▬▬▬▬ ▬▬ ▬▬ ▬▬▬ ▬ ▬▬▬▬ ▬▬ ▬▬ ▬▬▬ ▬ ▬▬▬▬ ▬▬ ▬▬ ▬▬▬ ▬ ▬▬▬▬ ▬▬ ▬▬ ▬▬▬ ▬ ▬▬▬▬ ▬▬ ▬▬ ▬▬▬ ▬ ▬▬▬▬ ▬▬ ▬▬ ▬▬▬ ▬ ▬▬▬▬ ▬▬ ▬▬ ▬▬▬ ▬ ▬▬▬▬ ▬▬ ▬▬ ▬▬▬ ▬ ▬▬▬▬ ▬▬ ▬▬ ▬▬▬ ▬ ▬▬▬▬ ▬▬ ▬▬ ▬▬▬ ▬ ▬▬▬▬ ▬▬ ▬▬ ▬▬▬ ▬ ▬▬▬▬ ▬▬ ▬▬ ▬▬▬ ▬ ▬▬▬▬ ▬▬ ▬▬ ▬▬▬ ▬ ▬▬▬▬ ▬▬ ▬▬ ▬▬▬ ▬ ▬▬▬▬ ▬▬ ▬▬ ▬▬▬ ▬ ▬▬▬▬ ▬▬ ▬▬ ▬▬▬ ▬ ▬▬▬▬ ▬▬ ▬▬ ▬▬▬ ▬ ▬▬▬▬ ▬▬ ▬▬ ▬▬▬ ▬ ▬▬▬▬ ▬▬ ▬▬ ▬▬▬ ▬ ▬▬▬▬ ▬▬ ▬▬ ▬▬▬ ▬ ▬▬▬▬ ▬▬ ▬▬ ▬▬▬ ▬ ▬▬▬▬ ▬▬ ▬▬ ▬▬▬ ▬ ▬▬▬▬ ▬▬ ▬▬ ▬▬▬ ▬ ▬▬▬▬ ▬▬ ▬▬ ▬▬▬ ▬ ▬▬▬▬ ▬▬ ▬▬ ▬▬▬ ▬ ▬▬▬▬ ▬▬ ▬▬ ▬▬▬ ▬ ▬▬▬▬ ▬▬ ▬▬ ▬▬▬ ▬ ▬▬▬▬ ▬▬ ▬▬ ▬▬▬ ▬ ▬▬▬▬ ▬▬ ▬▬ ▬▬▬ ▬ ▬▬▬▬ ▬▬ ▬▬ ▬▬▬ ▬ ▬▬▬▬ ▬▬ ▬▬ ▬▬▬ ▬ ▬▬▬▬ ▬▬ ▬▬ ▬▬▬ ▬ ▬▬▬▬ ▬▬ ▬▬ ▬▬▬ ▬ ▬▬▬▬ ▬▬ ▬▬ ▬▬▬ ▬ ▬▬▬▬ ▬▬ ▬▬ ▬▬▬ ▬ ▬▬▬▬ ▬▬ ▬▬ ▬▬▬ ▬ ▬▬▬▬ ▬▬ ▬▬ ▬▬▬ ▬ ▬▬▬▬ ▬▬ ▬▬ ▬▬▬ ▬ ▬▬▬▬ ▬▬ ▬▬ ▬▬▬ ▬ ▬▬▬▬ ▬▬ ▬▬ ▬▬▬ ▬ ▬▬▬▬ ▬▬ ▬▬ ▬▬▬ ▬ ▬▬▬▬ ▬▬ ▬▬ ▬▬▬ ▬ ▬▬▬▬ ▬▬ ▬▬ ▬▬▬ ▬ ▬▬▬▬ ▬▬ ▬▬ ▬▬▬ ▬ ▬▬▬▬ ▬▬ ▬▬ ▬▬▬ ▬ ▬▬▬▬ ▬▬ ▬▬ ▬▬▬ ▬ ▬▬▬▬ ▬▬ ▬▬ ▬▬▬ ▬ ▬▬▬▬ ▬▬ ▬▬ ▬▬▬ ▬ ▬▬▬▬ ▬▬ ▬▬ ▬▬▬ ▬ ▬▬▬▬ ▬▬ ▬▬ ▬▬▬ ▬ ▬▬▬▬ ▬▬ ▬▬ ▬▬▬ ▬ ▬▬▬▬ ▬▬ ▬▬ ▬▬▬ ▬ ▬▬▬▬ ▬▬ ▬▬ ▬▬▬ ▬ ▬▬▬▬ ▬▬ ▬▬ ▬▬▬ ▬ ▬▬▬▬ ▬▬ ▬▬ ▬▬▬ ▬ ▬▬▬▬ ▬▬ ▬▬ ▬▬▬ ▬ ▬▬▬▬ ▬▬ ▬▬ ▬▬▬ ▬ ▬▬▬▬ ▬▬ ▬▬ ▬▬▬ ▬ ▬▬▬▬ ▬▬ ▬▬ ▬▬▬ ▬ ▬▬▬▬ ▬▬ ▬▬ ▬▬▬ ▬ ▬▬▬▬ ▬▬ ▬▬ ▬▬▬ ▬ ▬▬▬▬ ▬▬ ▬▬ ▬▬▬ ▬ ▬▬▬▬ ▬▬ ▬▬ ▬▬▬ ▬ ▬▬▬▬ ▬▬ ▬▬ ▬▬▬ ▬ ▬▬▬▬ ▬▬ ▬▬ ▬▬▬ ▬ ▬▬▬▬ ▬▬ ▬▬ ▬▬▬ ▬ ▬▬▬▬ ▬▬ ▬▬ ▬▬▬ ▬ ▬▬▬▬ ▬▬ ▬▬ ▬▬▬ ▬ ▬▬▬▬ ▬▬ ▬▬ ▬▬▬ ▬ ▬▬▬▬ ▬▬ ▬▬ ▬▬▬ ▬ ▬▬▬▬ ▬▬ ▬▬ ▬▬▬ ▬ ▬▬▬▬ ▬▬ ▬▬ ▬▬▬ ▬ ▬▬▬▬ ▬▬ ▬▬ ▬▬▬ ▬ ▬▬▬▬ ▬▬ ▬▬ ▬▬▬ ▬ ▬▬▬▬ ▬▬ ▬▬ ▬▬▬ ▬ ▬▬▬▬ ▬▬ ▬▬ ▬▬▬ ▬ ▬▬▬▬ ▬▬ ▬▬ ▬▬▬ ▬ ▬▬▬▬ ▬▬ ▬▬ ▬▬▬ ▬ ▬▬▬▬ ▬▬ ▬▬ ▬▬▬ ▬ ▬▬▬▬ ▬▬ ▬▬ ▬▬▬ ▬ ▬▬▬▬ ▬▬ ▬▬ ▬▬▬ ▬ ▬▬▬▬ ▬▬ ▬▬ ▬▬▬ ▬ ▬▬▬▬ ▬▬ ▬▬ ▬▬▬ ▬ ▬▬▬▬ ▬▬ ▬▬ ▬▬▬ ▬ ▬▬▬▬ ▬▬ ▬▬ ▬▬▬ ▬ ▬▬▬▬ ▬▬ ▬▬ ▬▬▬ ▬ ▬▬▬▬ ▬▬ ▬▬ ▬▬▬ ▬ ▬▬▬▬ ▬▬ ▬▬ ▬▬▬ ▬ ▬▬▬▬ ▬▬ ▬▬ ▬▬▬ ▬ ▬▬▬▬ ▬▬ ▬▬ ▬▬▬ ▬ ▬▬▬▬ ▬▬ ▬▬ ▬▬▬ ▬ ▬▬▬▬ ▬▬ ▬▬ ▬▬▬ ▬ ▬▬▬▬ ▬▬ ▬▬ ▬▬▬ ▬ ▬▬▬▬ ▬▬ ▬▬ ▬▬▬ ▬ ▬▬▬▬ ▬▬ ▬▬ ▬▬▬ ▬ ▬▬▬▬ ▬▬ ▬▬ ▬▬▬ ▬ ▬▬▬▬ ▬▬ ▬▬ ▬▬▬ ▬ ▬▬▬▬ ▬▬ ▬▬ ▬▬▬ ▬ ▬▬▬▬ ▬▬ ▬▬ ▬▬▬ ▬ ▬▬▬▬ ▬▬ ▬▬ ▬▬▬ ▬ ▬▬▬▬ ▬▬ ▬▬ ▬▬▬ ▬ ▬▬▬▬ ▬▬ ▬▬ ▬▬▬ ▬ ▬▬▬▬ ▬▬ ▬▬ ▬▬▬ ▬ ▬▬▬▬ ▬▬ ▬▬ ▬▬▬ ▬ ▬▬▬▬ ▬▬ ▬▬ ▬▬▬ ▬ ▬▬▬▬ ▬▬ ▬▬ ▬▬▬ ▬ ▬▬▬▬ ▬▬ ▬▬ ▬▬▬ ▬ ▬▬▬▬ ▬▬ ▬▬ ▬▬▬ ▬ ▬▬▬▬ ▬▬ ▬▬ ▬▬▬ ▬ ▬▬▬▬ ▬▬ ▬▬ ▬▬▬ ▬ ▬▬▬▬ ▬▬ ▬▬ ▬▬▬ ▬ ▬▬▬▬ ▬▬ ▬▬ ▬▬▬ ▬ ▬▬▬▬ ▬▬ ▬▬ ▬▬▬ ▬ ▬▬▬▬ ▬▬ ▬▬ ▬▬▬ ▬ ▬▬▬▬ ▬▬ ▬▬ ▬▬▬ ▬ ▬▬▬▬ ▬▬ ▬▬ ▬▬▬ ▬ ▬▬▬▬ ▬▬ ▬▬ ▬▬▬ ▬ ▬▬▬▬ ▬▬ ▬▬ ▬▬▬ ▬ ▬▬▬▬ ▬▬ ▬▬ ▬▬▬ ▬ ▬▬▬▬ ▬▬ ▬▬ ▬▬▬ ▬ ▬▬▬▬ ▬▬ ▬▬ ▬▬▬ ▬ ▬▬▬▬ ▬▬ ▬▬ ▬▬▬ ▬ ▬▬▬▬ ▬▬ ▬▬ ▬▬▬ ▬ ▬▬▬▬ ▬▬ ▬▬ ▬▬▬ ▬ ▬▬▬▬ ▬▬ ▬▬ ▬▬▬ ▬ ▬▬▬▬ ▬▬ ▬▬ ▬▬▬ ▬ ▬▬▬▬ ▬▬ ▬▬ ▬▬▬ ▬ ▬▬▬▬ ▬▬ ▬▬ ▬▬▬ ▬ ▬▬▬▬ ▬▬ ▬▬ ▬▬▬ ▬ ▬▬▬▬ ▬▬ ▬▬ ▬▬▬ ▬ ▬▬▬▬ ▬▬ ▬▬ ▬▬▬ ▬ ▬▬▬▬ ▬▬ ▬▬ ▬▬▬ ▬ ▬▬▬▬ ▬▬ ▬▬ ▬▬▬ ▬ ▬▬▬▬ ▬▬ ▬▬ ▬▬▬ ▬ ▬▬▬▬ ▬▬ ▬▬ ▬▬▬ ▬ ▬▬▬▬ ▬▬ ▬▬ ▬▬▬ ▬ ▬▬▬▬ ▬▬ ▬▬ ▬▬▬ ▬ ▬▬▬▬ ▬▬ ▬▬ ▬▬▬ ▬ ▬▬▬▬ ▬▬ ▬▬ ▬▬▬ ▬ ▬▬▬▬ ▬▬ ▬▬ ▬▬▬ ▬ ▬▬▬▬ ▬▬ ▬▬ ▬▬▬ ▬ ▬▬▬▬ ▬▬ ▬▬ ▬▬▬ ▬ ▬▬▬▬ ▬▬ ▬▬ ▬▬▬ ▬ ▬▬▬▬ ▬▬ ▬▬ ▬▬▬ ▬ ▬▬▬▬ ▬▬ ▬▬ ▬▬▬ ▬ ▬▬▬▬ ▬▬ ▬▬ ▬▬▬ ▬ ▬▬▬▬ ▬▬ ▬▬ ▬▬▬ ▬ ▬▬▬▬ ▬▬ ▬▬ ▬▬▬ ▬ ▬▬▬▬ ▬▬ ▬▬ ▬▬▬ ▬ ▬▬▬▬ ▬▬ ▬▬ ▬▬▬ ▬ ▬▬▬▬ ▬▬ ▬▬ ▬▬▬ ▬ ▬▬▬▬ ▬▬ ▬▬ ▬▬▬ ▬ ▬▬▬▬ ▬▬ ▬▬ ▬▬▬ ▬ ▬▬▬▬ ▬▬ ▬▬ ▬▬▬ ▬ ▬▬▬▬ ▬▬ ▬▬ ▬▬▬ ▬ ▬▬▬▬ ▬▬ ▬▬ ▬▬▬ ▬ ▬▬▬▬ ▬▬ ▬▬ ▬▬▬ ▬ ▬▬▬▬ ▬▬ ▬▬ ▬▬▬ ▬ ▬▬▬▬ ▬▬ ▬▬ ▬▬▬ ▬ ▬▬▬▬ ▬▬ ▬▬ ▬▬▬ ▬ ▬▬▬▬ ▬▬ ▬▬ ▬▬▬ ▬ ▬▬▬▬ ▬▬ ▬▬ ▬▬▬ ▬ ▬▬▬▬ ▬▬ ▬▬ ▬▬▬ ▬ ▬▬▬▬ ▬▬ ▬▬ ▬▬▬ ▬ ▬▬▬▬ ▬▬ ▬▬ ▬▬▬ ▬ ▬▬▬▬ ▬▬ ▬▬ ▬▬▬ ▬ ▬▬▬▬ ▬▬ ▬▬ ▬▬▬ ▬ ▬▬▬▬ ▬▬ ▬▬ ▬▬▬ ▬ ▬▬▬▬ ▬▬ ▬▬ ▬▬▬ ▬ ▬▬▬▬ ▬▬ ▬▬ ▬▬▬ ▬ ▬▬▬▬ ▬▬ ▬▬ ▬▬▬ ▬ ▬▬▬▬ ▬▬ ▬▬ ▬▬▬ ▬ ▬▬▬▬ ▬▬ ▬▬ ▬▬▬ ▬ ▬▬▬▬ ▬▬ ▬▬ ▬▬▬ ▬ ▬▬▬▬ ▬▬ ▬▬ ▬▬▬ ▬ ▬▬▬▬ ▬▬ ▬▬ ▬▬▬ ▬ ▬▬▬▬ ▬▬ ▬▬ ▬▬▬ ▬ ▬▬▬▬ ▬▬ ▬▬ ▬▬▬ ▬ ▬▬▬▬ ▬▬ ▬▬ ▬▬▬ ▬ ▬▬▬▬ ▬▬ ▬▬ ▬▬▬ ▬ ▬▬▬▬ ▬▬ ▬▬ ▬▬▬ ▬ ▬▬▬▬ ▬▬ ▬▬ ▬▬▬ ▬ ▬▬▬▬ ▬▬ ▬▬ ▬▬▬ ▬ ▬▬▬▬ ▬▬ ▬▬ ▬▬▬ ▬ ▬▬▬▬ ▬▬ ▬▬ ▬▬▬ ▬ ▬▬▬▬ ▬▬ ▬▬ ▬▬▬ ▬ ▬▬▬▬ ▬▬ ▬▬ ▬▬▬ ▬ ▬▬▬▬ ▬▬ ▬▬ ▬▬▬ ▬ ▬▬▬▬ ▬▬ ▬▬ ▬▬▬ ▬ ▬▬▬▬ ▬▬ ▬▬ ▬▬▬ ▬ ▬▬▬▬ ▬▬ ▬▬ ▬▬▬ ▬ ▬▬▬▬ ▬▬ ▬▬ ▬▬▬ ▬ ▬▬▬▬ ▬▬ ▬▬ ▬▬▬ ▬ ▬▬▬▬ ▬▬ ▬▬ ▬▬▬ ▬ ▬▬▬▬ ▬▬ ▬▬ ▬▬▬ ▬ ▬▬▬▬ ▬▬ ▬▬ ▬▬▬ ▬ ▬▬▬▬ ▬▬ ▬▬ ▬▬▬ ▬ ▬▬▬▬ ▬▬ ▬▬ ▬▬▬ ▬ ▬▬▬▬ ▬▬ ▬▬ ▬▬▬ ▬ ▬▬▬▬ ▬▬ ▬▬ ▬▬▬ ▬ ▬▬▬▬ ▬▬ ▬▬ ▬▬▬ ▬ ▬▬▬▬ ▬▬ ▬▬ ▬▬▬ ▬ ▬▬▬▬ ▬▬ ▬▬ ▬▬▬ ▬ ▬▬▬▬ ▬▬ ▬▬ ▬▬▬ ▬ ▬▬▬▬ ▬▬ ▬▬ ▬▬▬ ▬ ▬▬▬▬ ▬▬ ▬▬ ▬▬▬ ▬ ▬▬▬▬ ▬▬ ▬▬ ▬▬▬ ▬ ▬▬▬▬ ▬▬ ▬▬ ▬▬▬ ▬ ▬▬▬▬ ▬▬ ▬▬ ▬▬▬ ▬ ▬▬▬▬ ▬▬ ▬▬ ▬▬▬ ▬ ▬▬▬▬ ▬▬ ▬▬ ▬▬▬ ▬ ▬▬▬▬ ▬▬ ▬▬ ▬▬▬ ▬ ▬▬▬▬ ▬▬ ▬▬ ▬▬▬ ▬ ▬▬▬▬ ▬▬ ▬▬ ▬▬▬ ▬ ▬▬▬▬ ▬▬ ▬▬ ▬▬▬ ▬ ▬▬▬▬ ▬▬ ▬▬ ▬▬▬ ▬ ▬▬▬▬ ▬▬ ▬▬ ▬▬▬ ▬ ▬▬▬▬ ▬▬ ▬▬ ▬▬▬ ▬ ▬▬▬▬ ▬▬ ▬▬ ▬▬▬ ▬ ▬▬▬▬ ▬▬ ▬▬ ▬▬▬ ▬ ▬▬▬▬ ▬▬ ▬▬ ▬▬▬ ▬ ▬▬▬▬ ▬▬ ▬▬ ▬▬▬ ▬ ▬▬▬▬ ▬▬ ▬▬ ▬▬▬ ▬ ▬▬▬▬ ▬▬ ▬▬ ▬▬▬ ▬ ▬▬▬▬ ▬▬ ▬▬ ▬▬▬ ▬ ▬▬▬▬ ▬▬
▬▬ ▬▬▬ ▬ ▬▬▬▬ ▬▬ ▬▬ ▬▬▬ ▬ ▬▬▬▬ ▬▬ ▬▬ ▬▬▬ ▬ ▬▬▬▬ ▬▬ ▬▬ ▬▬▬ ▬ ▬▬▬▬ ▬▬ ▬▬ ▬▬▬ ▬ ▬▬▬▬ ▬▬ ▬▬ ▬▬▬ ▬ ▬▬▬▬ ▬▬ ▬▬ ▬▬▬ ▬ ▬▬▬▬ ▬▬ ▬▬ ▬▬▬ ▬ ▬▬▬▬ ▬▬ ▬▬ ▬▬▬ ▬ ▬▬▬▬ ▬▬ ▬▬ ▬▬▬ ▬ ▬▬▬▬ ▬▬ ▬▬ ▬▬▬ ▬ ▬▬▬▬ ▬▬ ▬▬ ▬▬▬ ▬ ▬▬▬▬ ▬▬ ▬▬ ▬▬▬ ▬ ▬▬▬▬ ▬▬ ▬▬ ▬▬▬ ▬ ▬▬▬▬ ▬▬ ▬▬ ▬▬▬ ▬ ▬▬▬▬ ▬▬ ▬▬ ▬▬▬ ▬ ▬▬▬▬ ▬▬ ▬▬ ▬▬▬ ▬ ▬▬▬▬ ▬▬ ▬▬ ▬▬▬ ▬ ▬▬▬▬ ▬▬ ▬▬ ▬▬▬ ▬ ▬▬▬▬ ▬▬ ▬▬ ▬▬▬ ▬ ▬▬▬▬ ▬▬ ▬▬ ▬▬▬ ▬ ▬▬▬▬ ▬▬ ▬▬ ▬▬▬ ▬ ▬▬▬▬ ▬▬ ▬▬ ▬▬▬ ▬ ▬▬▬▬ ▬▬ ▬▬ ▬▬▬ ▬ ▬▬▬▬ ▬▬ ▬▬ ▬▬▬ ▬ ▬▬▬▬ ▬▬ ▬▬ ▬▬▬ ▬ ▬▬▬▬ ▬▬ ▬▬ ▬▬▬ ▬ ▬▬▬▬ ▬▬ ▬▬ ▬▬▬ ▬ ▬▬▬▬ ▬▬ ▬▬ ▬▬▬ ▬ ▬▬▬▬ ▬▬ ▬▬ ▬▬▬ ▬ ▬▬▬▬ ▬▬ ▬▬ ▬▬▬ ▬ ▬▬▬▬ ▬▬ ▬▬ ▬▬▬ ▬ ▬▬▬▬ ▬▬ ▬▬ ▬▬▬ ▬ ▬▬▬▬ ▬▬ ▬▬ ▬▬▬ ▬ ▬▬▬▬ ▬▬ ▬▬ ▬▬▬ ▬ ▬▬▬▬ ▬▬ ▬▬ ▬▬▬ ▬ ▬▬▬▬ ▬▬ ▬▬ ▬▬▬ ▬ ▬▬▬▬ ▬▬ ▬▬ ▬▬▬ ▬ ▬▬▬▬ ▬▬ ▬▬ ▬▬▬ ▬ ▬▬▬▬ ▬▬ ▬▬ ▬▬▬ ▬ ▬▬▬▬ ▬▬ ▬▬ ▬▬▬ ▬ ▬▬▬▬ ▬▬ ▬▬ ▬▬▬ ▬ ▬▬▬▬ ▬▬ ▬▬ ▬▬▬ ▬ ▬▬▬▬ ▬▬ ▬▬ ▬▬▬ ▬ ▬▬▬▬ ▬▬ ▬▬ ▬▬▬ ▬ ▬▬▬▬ ▬▬ ▬▬ ▬▬▬ ▬ ▬▬▬▬ ▬▬ ▬▬ ▬▬▬ ▬ ▬▬▬▬ ▬▬ ▬▬ ▬▬▬ ▬ ▬▬▬▬ ▬▬ ▬▬ ▬▬▬ ▬ ▬▬▬▬ ▬▬ ▬▬ ▬▬▬ ▬ ▬▬▬▬ ▬▬ ▬▬ ▬▬▬ ▬ ▬▬▬▬ ▬▬ ▬▬ ▬▬▬ ▬ ▬▬▬▬ ▬▬ ▬▬ ▬▬▬ ▬ ▬▬▬▬ ▬▬ ▬▬ ▬▬▬ ▬ ▬▬▬▬ ▬▬ ▬▬ ▬▬▬ ▬ ▬▬▬▬ ▬▬ ▬▬ ▬▬▬ ▬ ▬▬▬▬ ▬▬ ▬▬ ▬▬▬ ▬ ▬▬▬▬ ▬▬ ▬▬ ▬▬▬ ▬ ▬▬▬▬ ▬▬ ▬▬ ▬▬▬ ▬ ▬▬▬▬ ▬▬ ▬▬ ▬▬▬ ▬ ▬▬▬▬ ▬▬ ▬▬ ▬▬▬ ▬ ▬▬▬▬ ▬▬ ▬▬ ▬▬▬ ▬ ▬▬▬▬ ▬▬ ▬▬ ▬▬▬ ▬ ▬▬▬▬ ▬▬ ▬▬ ▬▬▬ ▬ ▬▬▬▬ ▬▬ ▬▬ ▬▬▬ ▬ ▬▬▬▬ ▬▬ ▬▬ ▬▬▬ ▬ ▬▬▬▬ ▬▬ ▬▬ ▬▬▬ ▬ ▬▬▬▬ ▬▬ ▬▬ ▬▬▬ ▬ ▬▬▬▬ ▬▬ ▬▬ ▬▬▬ ▬ ▬▬▬▬ ▬▬ ▬▬ ▬▬▬ ▬ ▬▬▬▬ ▬▬ ▬▬ ▬▬▬ ▬ ▬▬▬▬ ▬▬ ▬▬ ▬▬▬ ▬ ▬▬▬▬ ▬▬ ▬▬ ▬▬▬ ▬ ▬▬▬▬ ▬▬ ▬▬ ▬▬▬ ▬ ▬▬▬▬ ▬▬ ▬▬ ▬▬▬ ▬ ▬▬▬▬ ▬▬ ▬▬ ▬▬▬ ▬ ▬▬▬▬ ▬▬ ▬▬ ▬▬▬ ▬ ▬▬▬▬ ▬▬ ▬▬ ▬▬▬ ▬ ▬▬▬▬ ▬▬ ▬▬ ▬▬▬ ▬ ▬▬▬▬ ▬▬ ▬▬ ▬▬▬ ▬ ▬▬▬▬ ▬▬ ▬▬ ▬▬▬ ▬ ▬▬▬▬ ▬▬ ▬▬ ▬▬▬ ▬ ▬▬▬▬ ▬▬ ▬▬ ▬▬▬ ▬ ▬▬▬▬ ▬▬ ▬▬ ▬▬▬ ▬ ▬▬▬▬ ▬▬ ▬▬ ▬▬▬ ▬ ▬▬▬▬ ▬▬ ▬▬ ▬▬▬ ▬ ▬▬▬▬ ▬▬ ▬▬ ▬▬▬ ▬ ▬▬▬▬ ▬▬ ▬▬ ▬▬▬ ▬ ▬▬▬▬ ▬▬ ▬▬ ▬▬▬ ▬ ▬▬▬▬ ▬▬ ▬▬ ▬▬▬ ▬ ▬▬▬▬ ▬▬ ▬▬ ▬▬▬ ▬ ▬▬▬▬ ▬▬ ▬▬ ▬▬▬ ▬ ▬▬▬▬ ▬▬ ▬▬ ▬▬▬ ▬ ▬▬▬▬ ▬▬ ▬▬ ▬▬▬ ▬ ▬▬▬▬ ▬▬ ▬▬ ▬▬▬ ▬ ▬▬▬▬ ▬▬ ▬▬ ▬▬▬ ▬ ▬▬▬▬ ▬▬ ▬▬ ▬▬▬ ▬ ▬▬▬▬ ▬▬ ▬▬ ▬▬▬ ▬ ▬▬▬▬ ▬▬ ▬▬ ▬▬▬ ▬ ▬▬▬▬ ▬▬ ▬▬ ▬▬▬ ▬ ▬▬▬▬ ▬▬
LANARKSHIRE JUNIORS.
▬▬ ▬▬▬ ▬ ▬▬▬▬ ▬▬ ▬▬ ▬▬▬ ▬ ▬▬▬▬ ▬▬ ▬▬ ▬▬▬ ▬ ▬▬▬▬ ▬▬ ▬▬ ▬▬▬ ▬ ▬▬▬▬ ▬▬ ▬▬ ▬▬▬ ▬ ▬▬▬▬ ▬▬ ▬▬ ▬▬▬ ▬ ▬▬▬▬ ▬▬ ▬▬ ▬▬▬ ▬ ▬▬▬▬ ▬▬ ▬▬ ▬▬▬ ▬ ▬▬▬▬ ▬▬ ▬▬ ▬▬▬ ▬ ▬▬▬▬ ▬▬ ▬▬ ▬▬▬ ▬ ▬▬▬▬ ▬▬ ▬▬ ▬▬▬ ▬ ▬▬▬▬ ▬▬ ▬▬ ▬▬▬ ▬ ▬▬▬▬ ▬▬ ▬▬ ▬▬▬ ▬ ▬▬▬▬ ▬▬ ▬▬ ▬▬▬ ▬ ▬▬▬▬ ▬▬ ▬▬ ▬▬▬ ▬ ▬▬▬▬ ▬▬ ▬▬ ▬▬▬ ▬ ▬▬▬▬ ▬▬ ▬▬ ▬▬▬ ▬ ▬▬▬▬ ▬▬ ▬▬ ▬▬▬ ▬ ▬▬▬▬ ▬▬ ▬▬ ▬▬▬ ▬ ▬▬▬▬ ▬▬ ▬▬ ▬▬▬ ▬ ▬▬▬▬ ▬▬ ▬▬ ▬▬▬ ▬ ▬▬▬▬ ▬▬ ▬▬ ▬▬▬ ▬ ▬▬▬▬ ▬▬ ▬▬ ▬▬▬ ▬ ▬▬▬▬ ▬▬ ▬▬ ▬▬▬ ▬ ▬▬▬▬ ▬▬
LANARKSHIRE JUNIOR LEAGUE.
▬▬▬▬▬▬	▬	▬	▬	▬	▬
▬▬▬▬▬▬	▬	▬	▬	▬	▬
▬▬▬▬▬▬	▬	▬	▬	▬	▬
▬▬▬▬▬▬	▬	▬	▬	▬	▬
▬▬▬▬▬▬	▬	▬	▬	▬	▬
▬▬▬▬▬▬	▬	▬	▬	▬	▬
▬▬▬▬▬▬	▬	▬	▬	▬	▬
▬▬▬▬▬▬	▬	▬	▬	▬	▬
▬▬▬▬▬▬	▬	▬	▬	▬	▬
▬▬▬▬▬▬	▬	▬	▬	▬	▬
LANARKSHIRE JUNIOR ALLIANCE.
▬▬▬▬▬▬	▬	▬	▬	▬	▬
▬▬▬▬▬▬	▬	▬	▬	▬	▬
▬▬▬▬▬▬	▬	▬	▬	▬	▬
▬▬▬▬▬▬	▬	▬	▬	▬	▬
▬▬▬▬▬▬	▬	▬	▬	▬	▬
▬▬▬▬▬▬	▬	▬	▬	▬	▬
▬▬▬▬▬▬	▬	▬	▬	▬	▬
▬▬▬▬▬▬	▬	▬	▬	▬	▬
▬▬▬▬▬▬	▬	▬	▬	▬	▬
▬▬▬▬▬▬	▬	▬	▬	▬	▬
▬▬ ▬▬▬ ▬ ▬▬▬▬ ▬▬ ▬▬ ▬▬▬ ▬ ▬▬▬▬ ▬▬ ▬▬ ▬▬▬ ▬ ▬▬▬▬ ▬▬ ▬▬ ▬▬▬ ▬ ▬▬▬▬ ▬▬ ▬▬ ▬▬▬ ▬ ▬▬▬▬ ▬▬ ▬▬ ▬▬▬ ▬ ▬▬▬▬ ▬▬ ▬▬ ▬▬▬ ▬ ▬▬▬▬ ▬▬ ▬▬ ▬▬▬ ▬ ▬▬▬▬ ▬▬ ▬▬ ▬▬▬ ▬ ▬▬▬▬ ▬▬ ▬▬ ▬▬▬ ▬ ▬▬▬▬ ▬▬ ▬▬ ▬▬▬ ▬ ▬▬▬▬ ▬▬ ▬▬ ▬▬▬ ▬ ▬▬▬▬ ▬▬ ▬▬ ▬▬▬ ▬ ▬▬▬▬ ▬▬ ▬▬ ▬▬▬ ▬ ▬▬▬▬ ▬▬ ▬▬ ▬▬▬ ▬ ▬▬▬▬ ▬▬ ▬▬ ▬▬▬ ▬ ▬▬▬▬ ▬▬ ▬▬ ▬▬▬ ▬ ▬▬▬▬ ▬▬ ▬▬ ▬▬▬ ▬ ▬▬▬▬ ▬▬ ▬▬ ▬▬▬ ▬ ▬▬▬▬ ▬▬ ▬▬ ▬▬▬ ▬ ▬▬▬▬ ▬▬ ▬▬ ▬▬▬ ▬ ▬▬▬▬ ▬▬ ▬▬ ▬▬▬ ▬ ▬▬▬▬ ▬▬ ▬▬ ▬▬▬ ▬ ▬▬▬▬ ▬▬ ▬▬ ▬▬▬ ▬ ▬▬▬▬ ▬▬ ▬▬ ▬▬▬ ▬ ▬▬▬▬ ▬▬ ▬▬ ▬▬▬ ▬ ▬▬▬▬ ▬▬ ▬▬ ▬▬▬ ▬ ▬▬▬▬ ▬▬ ▬▬ ▬▬▬ ▬ ▬▬▬▬ ▬▬ ▬▬ ▬▬▬ ▬ ▬▬▬▬ ▬▬ ▬▬ ▬▬▬ ▬ ▬▬▬▬ ▬▬ ▬▬ ▬▬▬ ▬ ▬▬▬▬ ▬▬ ▬▬ ▬▬▬ ▬ ▬▬▬▬ ▬▬ ▬▬ ▬▬▬ ▬ ▬▬▬▬ ▬▬ ▬▬ ▬▬▬ ▬ ▬▬▬▬ ▬▬ ▬▬ ▬▬▬ ▬ ▬▬▬▬ ▬▬ ▬▬ ▬▬▬ ▬ ▬▬▬▬ ▬▬ ▬▬ ▬▬▬ ▬ ▬▬▬▬ ▬▬ ▬▬ ▬▬▬ ▬ ▬▬▬▬ ▬▬ ▬▬ ▬▬▬ ▬ ▬▬▬▬ ▬▬ ▬▬ ▬▬▬ ▬ ▬▬▬▬ ▬▬ ▬▬ ▬▬▬ ▬ ▬▬▬▬ ▬▬ ▬▬ ▬▬▬ ▬ ▬▬▬▬ ▬▬ ▬▬ ▬▬▬ ▬ ▬▬▬▬ ▬▬ ▬▬ ▬▬▬ ▬ ▬▬▬▬ ▬▬ ▬▬ ▬▬▬ ▬ ▬▬▬▬ ▬▬ ▬▬ ▬▬▬ ▬ ▬▬▬▬ ▬▬ ▬▬ ▬▬▬ ▬ ▬▬▬▬ ▬▬ ▬▬ ▬▬▬ ▬ ▬▬▬▬ ▬▬ ▬▬ ▬▬▬ ▬ ▬▬▬▬ ▬▬ ▬▬ ▬▬▬ ▬ ▬▬▬▬ ▬▬ ▬▬ ▬▬▬ ▬ ▬▬▬▬ ▬▬ ▬▬ ▬▬▬ ▬ ▬▬▬▬ ▬▬ ▬▬ ▬▬▬ ▬ ▬▬▬▬ ▬▬ ▬▬ ▬▬▬ ▬ ▬▬▬▬ ▬▬ ▬▬ ▬▬▬ ▬ ▬▬▬▬ ▬▬ ▬▬ ▬▬▬ ▬ ▬▬▬▬ ▬▬ ▬▬ ▬▬▬ ▬ ▬▬▬▬ ▬▬ ▬▬ ▬▬▬ ▬ ▬▬▬▬ ▬▬ ▬▬ ▬▬▬ ▬ ▬▬▬▬ ▬▬ ▬▬ ▬▬▬ ▬ ▬▬▬▬ ▬▬ ▬▬ ▬▬▬ ▬ ▬▬▬▬ ▬▬ ▬▬ ▬▬▬ ▬ ▬▬▬▬ ▬▬ ▬▬ ▬▬▬ ▬ ▬▬▬▬ ▬▬ ▬▬ ▬▬▬ ▬ ▬▬▬▬ ▬▬ ▬▬ ▬▬▬ ▬ ▬▬▬▬ ▬▬ ▬▬ ▬▬▬ ▬ ▬▬▬▬ ▬▬ ▬▬ ▬▬▬ ▬ ▬▬▬▬ ▬▬ ▬▬ ▬▬▬ ▬ ▬▬▬▬ ▬▬ ▬▬ ▬▬▬ ▬ ▬▬▬▬ ▬▬ ▬▬ ▬▬▬ ▬ ▬▬▬▬ ▬▬ ▬▬ ▬▬▬ ▬ ▬▬▬▬ ▬▬ ▬▬ ▬▬▬ ▬ ▬▬▬▬ ▬▬ ▬▬ ▬▬▬ ▬ ▬▬▬▬ ▬▬ ▬▬ ▬▬▬ ▬ ▬▬▬▬ ▬▬ ▬▬ ▬▬▬ ▬ ▬▬▬▬ ▬▬ ▬▬ ▬▬▬ ▬ ▬▬▬▬ ▬▬ ▬▬ ▬▬▬ ▬ ▬▬▬▬ ▬▬ ▬▬ ▬▬▬ ▬ ▬▬▬▬ ▬▬ ▬▬ ▬▬▬ ▬ ▬▬▬▬ ▬▬ ▬▬ ▬▬▬ ▬ ▬▬▬▬ ▬▬ ▬▬ ▬▬▬ ▬ ▬▬▬▬ ▬▬ ▬▬ ▬▬▬ ▬ ▬▬▬▬ ▬▬ ▬▬ ▬▬▬ ▬ ▬▬▬▬ ▬▬ ▬▬ ▬▬▬ ▬ ▬▬▬▬ ▬▬ ▬▬ ▬▬▬ ▬ ▬▬▬▬ ▬▬ ▬▬ ▬▬▬ ▬ ▬▬▬▬ ▬▬ ▬▬ ▬▬▬ ▬ ▬▬▬▬ ▬▬ ▬▬ ▬▬▬ ▬ ▬▬▬▬ ▬▬ ▬▬ ▬▬▬ ▬ ▬▬▬▬ ▬▬ ▬▬ ▬▬▬ ▬ ▬▬▬▬ ▬▬ ▬▬ ▬▬▬ ▬ ▬▬▬▬ ▬▬ ▬▬ ▬▬▬ ▬ ▬▬▬▬ ▬▬
CRICKET.
TO-MORROW'S FIXTURES
▬▬ ▬▬▬ ▬ ▬▬▬▬ ▬▬ ▬▬ ▬▬▬ ▬ ▬▬▬▬ ▬▬ ▬▬ ▬▬▬ ▬ ▬▬▬▬ ▬▬ ▬▬ ▬▬▬ ▬ ▬▬▬▬ ▬▬ ▬▬ ▬▬▬ ▬ ▬▬▬▬ ▬▬ ▬▬ ▬▬▬ ▬ ▬▬▬▬ ▬▬ ▬▬ ▬▬▬ ▬ ▬▬▬▬ ▬▬ ▬▬ ▬▬▬ ▬ ▬▬▬▬ ▬▬ ▬▬ ▬▬▬ ▬ ▬▬▬▬ ▬▬ ▬▬ ▬▬▬ ▬ ▬▬▬▬ ▬▬ ▬▬ ▬▬▬ ▬ ▬▬▬▬ ▬▬ ▬▬ ▬▬▬ ▬ ▬▬▬▬ ▬▬ ▬▬ ▬▬▬ ▬ ▬▬▬▬ ▬▬ ▬▬ ▬▬▬ ▬ ▬▬▬▬ ▬▬ ▬▬ ▬▬▬ ▬ ▬▬▬▬ ▬▬ ▬▬ ▬▬▬ ▬ ▬▬▬▬ ▬▬ ▬▬ ▬▬▬ ▬ ▬▬▬▬ ▬▬ ▬▬ ▬▬▬ ▬ ▬▬▬▬ ▬▬ ▬▬ ▬▬▬ ▬ ▬▬▬▬ ▬▬ ▬▬ ▬▬▬ ▬ ▬▬▬▬ ▬▬ ▬▬ ▬▬▬ ▬ ▬▬▬▬ ▬▬ ▬▬ ▬▬▬ ▬ ▬▬▬▬ ▬▬ ▬▬ ▬▬▬ ▬ ▬▬▬▬ ▬▬ ▬▬ ▬▬▬ ▬ ▬▬▬▬ ▬▬ ▬▬ ▬▬▬ ▬ ▬▬▬▬ ▬▬ ▬▬ ▬▬▬ ▬ ▬▬▬▬ ▬▬ ▬▬ ▬▬▬ ▬ ▬▬▬▬ ▬▬ ▬▬ ▬▬▬ ▬ ▬▬▬▬ ▬▬ ▬▬ ▬▬▬ ▬ ▬▬▬▬ ▬▬ ▬▬ ▬▬▬ ▬ ▬▬▬▬ ▬▬ ▬▬ ▬▬▬ ▬ ▬▬▬▬ ▬▬ ▬▬ ▬▬▬ ▬ ▬▬▬▬ ▬▬ ▬▬ ▬▬▬ ▬ ▬▬▬▬ ▬▬ ▬▬ ▬▬▬ ▬ ▬▬▬▬ ▬▬ ▬▬ ▬▬▬ ▬ ▬▬▬▬ ▬▬ ▬▬ ▬▬▬ ▬ ▬▬▬▬ ▬▬ ▬▬ ▬▬▬ ▬ ▬▬▬▬ ▬▬ ▬▬ ▬▬▬ ▬ ▬▬▬▬ ▬▬ ▬▬ ▬▬▬ ▬ ▬▬▬▬ ▬▬ ▬▬ ▬▬▬ ▬ ▬▬▬▬ ▬▬
WEST of SCOTLAND CRICKET LEAGUE
▬▬▬▬▬▬	▬	▬	▬	▬	▬
▬▬▬▬▬▬	▬	▬	▬	▬	▬
▬▬▬▬▬▬	▬	▬	▬	▬	▬
▬▬▬▬▬▬	▬	▬	▬	▬	▬
▬▬▬▬▬▬	▬	▬	▬	▬	▬
▬▬▬▬▬▬	▬	▬	▬	▬	▬
GREENOCK AND DISTRICT JUNIOR CRICKET LEAGUE
▬▬▬▬▬▬	▬	▬	▬	▬	▬
▬▬▬▬▬▬	▬	▬	▬	▬	▬
▬▬▬▬▬▬	▬	▬	▬	▬	▬
▬▬▬▬▬▬	▬	▬	▬	▬	▬
▬▬▬▬▬▬	▬	▬	▬	▬	▬
▬▬▬▬▬▬	▬	▬	▬	▬	▬
▬▬▬▬▬▬	▬	▬	▬	▬	▬
The West.
▬▬ ▬▬▬ ▬ ▬▬▬▬ ▬▬ ▬▬ ▬▬▬ ▬ ▬▬▬▬ ▬▬ ▬▬ ▬▬▬ ▬ ▬▬▬▬ ▬▬ ▬▬ ▬▬▬ ▬ ▬▬▬▬ ▬▬ ▬▬ ▬▬▬ ▬ ▬▬▬▬ ▬▬ ▬▬ ▬▬▬ ▬ ▬▬▬▬ ▬▬ ▬▬ ▬▬▬ ▬ ▬▬▬▬ ▬▬ ▬▬ ▬▬▬ ▬ ▬▬▬▬ ▬▬ ▬▬ ▬▬▬ ▬ ▬▬▬▬ ▬▬ ▬▬ ▬▬▬ ▬ ▬▬▬▬ ▬▬ ▬▬ ▬▬▬ ▬ ▬▬▬▬ ▬▬ ▬▬ ▬▬▬ ▬ ▬▬▬▬ ▬▬ ▬▬ ▬▬▬ ▬ ▬▬▬▬ ▬▬ ▬▬ ▬▬▬ ▬ ▬▬▬▬ ▬▬ ▬▬ ▬▬▬ ▬ ▬▬▬▬ ▬▬ ▬▬ ▬▬▬ ▬ ▬▬▬▬ ▬▬ ▬▬ ▬▬▬ ▬ ▬▬▬▬ ▬▬ ▬▬ ▬▬▬ ▬ ▬▬▬▬ ▬▬ ▬▬ ▬▬▬ ▬ ▬▬▬▬ ▬▬ ▬▬ ▬▬▬ ▬ ▬▬▬▬ ▬▬ ▬▬ ▬▬▬ ▬ ▬▬▬▬ ▬▬ ▬▬ ▬▬▬ ▬ ▬▬▬▬ ▬▬ ▬▬ ▬▬▬ ▬ ▬▬▬▬ ▬▬ ▬▬ ▬▬▬ ▬ ▬▬▬▬ ▬▬ ▬▬ ▬▬▬ ▬ ▬▬▬▬ ▬▬ ▬▬ ▬▬▬ ▬ ▬▬▬▬ ▬▬ ▬▬ ▬▬▬ ▬ ▬▬▬▬ ▬▬ ▬▬ ▬▬▬ ▬ ▬▬▬▬ ▬▬ ▬▬ ▬▬▬ ▬ ▬▬▬▬ ▬▬ ▬▬ ▬▬▬ ▬ ▬▬▬▬ ▬▬ ▬▬ ▬▬▬ ▬ ▬▬▬▬ ▬▬ ▬▬ ▬▬▬ ▬ ▬▬▬▬ ▬▬ ▬▬ ▬▬▬ ▬ ▬▬▬▬ ▬▬ ▬▬ ▬▬▬ ▬ ▬▬▬▬ ▬▬ ▬▬ ▬▬▬ ▬ ▬▬▬▬ ▬▬ ▬▬ ▬▬▬ ▬ ▬▬▬▬ ▬▬ ▬▬ ▬▬▬ ▬ ▬▬▬▬ ▬▬ ▬▬ ▬▬▬ ▬ ▬▬▬▬ ▬▬ ▬▬ ▬▬▬ ▬ ▬▬▬▬ ▬▬ ▬▬ ▬▬▬ ▬ ▬▬▬▬ ▬▬ ▬▬ ▬▬▬ ▬ ▬▬▬▬ ▬▬ ▬▬ ▬▬▬ ▬ ▬▬▬▬ ▬▬ ▬▬ ▬▬▬ ▬ ▬▬▬▬ ▬▬ ▬▬ ▬▬▬ ▬ ▬▬▬▬ ▬▬ ▬▬ ▬▬▬ ▬ ▬▬▬▬ ▬▬ ▬▬ ▬▬▬ ▬ ▬▬▬▬ ▬▬ ▬▬ ▬▬▬ ▬ ▬▬▬▬ ▬▬ ▬▬ ▬▬▬ ▬ ▬▬▬▬ ▬▬ ▬▬ ▬▬▬ ▬ ▬▬▬▬ ▬▬ ▬▬ ▬▬▬ ▬ ▬▬▬▬ ▬▬ ▬▬ ▬▬▬ ▬ ▬▬▬▬ ▬▬ ▬▬ ▬▬▬ ▬ ▬▬▬▬ ▬▬ ▬▬ ▬▬▬ ▬ ▬▬▬▬ ▬▬ ▬▬ ▬▬▬ ▬ ▬▬▬▬ ▬▬ ▬▬ ▬▬▬ ▬ ▬▬▬▬ ▬▬ ▬▬ ▬▬▬ ▬ ▬▬▬▬ ▬▬ ▬▬ ▬▬▬ ▬ ▬▬▬▬ ▬▬ ▬▬ ▬▬▬ ▬ ▬▬▬▬ ▬▬ ▬▬ ▬▬▬ ▬ ▬▬▬▬ ▬▬ ▬▬ ▬▬▬ ▬ ▬▬▬▬ ▬▬ ▬▬ ▬▬▬ ▬ ▬▬▬▬ ▬▬ ▬▬ ▬▬▬ ▬ ▬▬▬▬ ▬▬ ▬▬ ▬▬▬ ▬ ▬▬▬▬ ▬▬ ▬▬ ▬▬▬ ▬ ▬▬▬▬ ▬▬ ▬▬ ▬▬▬ ▬ ▬▬▬▬ ▬▬ ▬▬ ▬▬▬ ▬ ▬▬▬▬ ▬▬ ▬▬ ▬▬▬ ▬ ▬▬▬▬ ▬▬ ▬▬ ▬▬▬ ▬ ▬▬▬▬ ▬▬ ▬▬ ▬▬▬ ▬ ▬▬▬▬ ▬▬ ▬▬ ▬▬▬ ▬ ▬▬▬▬ ▬▬ ▬▬ ▬▬▬ ▬ ▬▬▬▬ ▬▬ ▬▬ ▬▬▬ ▬ ▬▬▬▬ ▬▬ ▬▬ ▬▬▬ ▬ ▬▬▬▬ ▬▬ ▬▬ ▬▬▬ ▬ ▬▬▬▬ ▬▬ ▬▬ ▬▬▬ ▬ ▬▬▬▬ ▬▬ ▬▬ ▬▬▬ ▬ ▬▬▬▬ ▬▬ ▬▬ ▬▬▬ ▬ ▬▬▬▬ ▬▬ ▬▬ ▬▬▬ ▬ ▬▬▬▬ ▬▬ ▬▬ ▬▬▬ ▬ ▬▬▬▬ ▬▬ ▬▬ ▬▬▬ ▬ ▬▬▬▬ ▬▬
▬▬ ▬▬▬ ▬ ▬▬▬▬ ▬▬ ▬▬ ▬▬▬ ▬ ▬▬▬▬ ▬▬ ▬▬ ▬▬▬ ▬ ▬▬▬▬ ▬▬ ▬▬ ▬▬▬ ▬ ▬▬▬▬ ▬▬ ▬▬ ▬▬▬ ▬ ▬▬▬▬ ▬▬ ▬▬ ▬▬▬ ▬ ▬▬▬▬ ▬▬ ▬▬ ▬▬▬ ▬ ▬▬▬▬ ▬▬ ▬▬ ▬▬▬ ▬ ▬▬▬▬ ▬▬ ▬▬ ▬▬▬ ▬ ▬▬▬▬ ▬▬ ▬▬ ▬▬▬ ▬ ▬▬▬▬ ▬▬ ▬▬ ▬▬▬ ▬ ▬▬▬▬ ▬▬ ▬▬ ▬▬▬ ▬ ▬▬▬▬ ▬▬ ▬▬ ▬▬▬ ▬ ▬▬▬▬ ▬▬ ▬▬ ▬▬▬ ▬ ▬▬▬▬ ▬▬ ▬▬ ▬▬▬ ▬ ▬▬▬▬ ▬▬ ▬▬ ▬▬▬ ▬ ▬▬▬▬ ▬▬ ▬▬ ▬▬▬ ▬ ▬▬▬▬ ▬▬ ▬▬ ▬▬▬ ▬ ▬▬▬▬ ▬▬ ▬▬ ▬▬▬ ▬ ▬▬▬▬ ▬▬ ▬▬ ▬▬▬ ▬ ▬▬▬▬ ▬▬ ▬▬ ▬▬▬ ▬ ▬▬▬▬ ▬▬ ▬▬ ▬▬▬ ▬ ▬▬▬▬ ▬▬ ▬▬ ▬▬▬ ▬ ▬▬▬▬ ▬▬ ▬▬ ▬▬▬ ▬ ▬▬▬▬ ▬▬ ▬▬ ▬▬▬ ▬ ▬▬▬▬ ▬▬ ▬▬ ▬▬▬ ▬ ▬▬▬▬ ▬▬ ▬▬ ▬▬▬ ▬ ▬▬▬▬ ▬▬ ▬▬ ▬▬▬ ▬ ▬▬▬▬ ▬▬ ▬▬ ▬▬▬ ▬ ▬▬▬▬ ▬▬ ▬▬ ▬▬▬ ▬ ▬▬▬▬ ▬▬ ▬▬ ▬▬▬ ▬ ▬▬▬▬ ▬▬ ▬▬ ▬▬▬ ▬ ▬▬▬▬ ▬▬ ▬▬ ▬▬▬ ▬ ▬▬▬▬ ▬▬ ▬▬ ▬▬▬ ▬ ▬▬▬▬ ▬▬ ▬▬ ▬▬▬ ▬ ▬▬▬▬ ▬▬ ▬▬ ▬▬▬ ▬ ▬▬▬▬ ▬▬ ▬▬ ▬▬▬ ▬ ▬▬▬▬ ▬▬ ▬▬ ▬▬▬ ▬ ▬▬▬▬ ▬▬ ▬▬ ▬▬▬ ▬ ▬▬▬▬ ▬▬ ▬▬ ▬▬▬ ▬ ▬▬▬▬ ▬▬ ▬▬ ▬▬▬ ▬ ▬▬▬▬ ▬▬ ▬▬ ▬▬▬ ▬ ▬▬▬▬ ▬▬ ▬▬ ▬▬▬ ▬ ▬▬▬▬ ▬▬ ▬▬ ▬▬▬ ▬ ▬▬▬▬ ▬▬ ▬▬ ▬▬▬ ▬ ▬▬▬▬ ▬▬ ▬▬ ▬▬▬ ▬ ▬▬▬▬ ▬▬ ▬▬ ▬▬▬ ▬ ▬▬▬▬ ▬▬ ▬▬ ▬▬▬ ▬ ▬▬▬▬ ▬▬ ▬▬ ▬▬▬ ▬ ▬▬▬▬ ▬▬ ▬▬ ▬▬▬ ▬ ▬▬▬▬ ▬▬ ▬▬ ▬▬▬ ▬ ▬▬▬▬ ▬▬ ▬▬ ▬▬▬ ▬ ▬▬▬▬ ▬▬ ▬▬ ▬▬▬ ▬ ▬▬▬▬ ▬▬ ▬▬ ▬▬▬ ▬ ▬▬▬▬ ▬▬ ▬▬ ▬▬▬ ▬ ▬▬▬▬ ▬▬ ▬▬ ▬▬▬ ▬ ▬▬▬▬ ▬▬ ▬▬ ▬▬▬ ▬ ▬▬▬▬ ▬▬ ▬▬ ▬▬▬ ▬ ▬▬▬▬ ▬▬ ▬▬ ▬▬▬ ▬ ▬▬▬▬ ▬▬ ▬▬ ▬▬▬ ▬ ▬▬▬▬ ▬▬ ▬▬ ▬▬▬ ▬ ▬▬▬▬ ▬▬ ▬▬ ▬▬▬ ▬ ▬▬▬▬ ▬▬ ▬▬ ▬▬▬ ▬ ▬▬▬▬ ▬▬ ▬▬ ▬▬▬ ▬ ▬▬▬▬ ▬▬ ▬▬ ▬▬▬ ▬ ▬▬▬▬ ▬▬ ▬▬ ▬▬▬ ▬ ▬▬▬▬ ▬▬ ▬▬ ▬▬▬ ▬ ▬▬▬▬ ▬▬ ▬▬ ▬▬▬ ▬ ▬▬▬▬ ▬▬ ▬▬ ▬▬▬ ▬ ▬▬▬▬ ▬▬ ▬▬ ▬▬▬ ▬ ▬▬▬▬ ▬▬ ▬▬ ▬▬▬ ▬ ▬▬▬▬ ▬▬ ▬▬ ▬▬▬ ▬ ▬▬▬▬ ▬▬ ▬▬ ▬▬▬ ▬ ▬▬▬▬ ▬▬ ▬▬ ▬▬▬ ▬ ▬▬▬▬ ▬▬ ▬▬ ▬▬▬ ▬ ▬▬▬▬ ▬▬ ▬▬ ▬▬▬ ▬ ▬▬▬▬ ▬▬
Junior Open Dates.
▬▬ ▬▬▬ ▬ ▬▬▬▬ ▬▬ ▬▬ ▬▬▬ ▬ ▬▬▬▬ ▬▬ ▬▬ ▬▬▬ ▬ ▬▬▬▬ ▬▬ ▬▬ ▬▬▬ ▬ ▬▬▬▬ ▬▬ ▬▬ ▬▬▬ ▬ ▬▬▬▬ ▬▬ ▬▬ ▬▬▬ ▬ ▬▬▬▬ ▬▬ ▬▬ ▬▬▬ ▬ ▬▬▬▬ ▬▬ ▬▬ ▬▬▬ ▬ ▬▬▬▬ ▬▬ ▬▬ ▬▬▬ ▬ ▬▬▬▬ ▬▬ ▬▬ ▬▬▬ ▬ ▬▬▬▬ ▬▬ ▬▬ ▬▬▬ ▬ ▬▬▬▬ ▬▬ ▬▬ ▬▬▬ ▬ ▬▬▬▬ ▬▬ ▬▬ ▬▬▬ ▬ ▬▬▬▬ ▬▬ ▬▬ ▬▬▬ ▬ ▬▬▬▬ ▬▬ ▬▬ ▬▬▬ ▬ ▬▬▬▬ ▬▬ ▬▬ ▬▬▬ ▬ ▬▬▬▬ ▬▬ ▬▬ ▬▬▬ ▬ ▬▬▬▬ ▬▬ ▬▬ ▬▬▬ ▬ ▬▬▬▬ ▬▬ ▬▬ ▬▬▬ ▬ ▬▬▬▬ ▬▬ ▬▬ ▬▬▬ ▬ ▬▬▬▬ ▬▬ ▬▬ ▬▬▬ ▬ ▬▬▬▬ ▬▬ ▬▬ ▬▬▬ ▬ ▬▬▬▬ ▬▬ ▬▬ ▬▬▬ ▬ ▬▬▬▬ ▬▬ ▬▬ ▬▬▬ ▬ ▬▬▬▬ ▬▬ ▬▬ ▬▬▬ ▬ ▬▬▬▬ ▬▬ ▬▬ ▬▬▬ ▬ ▬▬▬▬ ▬▬ ▬▬ ▬▬▬ ▬ ▬▬▬▬ ▬▬ ▬▬ ▬▬▬ ▬ ▬▬▬▬ ▬▬ ▬▬ ▬▬▬ ▬ ▬▬▬▬ ▬▬ ▬▬ ▬▬▬ ▬ ▬▬▬▬ ▬▬ ▬▬ ▬▬▬ ▬ ▬▬▬▬ ▬▬ ▬▬ ▬▬▬ ▬ ▬▬▬▬ ▬▬ ▬▬ ▬▬▬ ▬ ▬▬▬▬ ▬▬ ▬▬ ▬▬▬ ▬ ▬▬▬▬ ▬▬ ▬▬ ▬▬▬ ▬ ▬▬▬▬ ▬▬ ▬▬ ▬▬▬ ▬ ▬▬▬▬ ▬▬ ▬▬ ▬▬▬ ▬ ▬▬▬▬ ▬▬ ▬▬ ▬▬▬ ▬ ▬▬▬▬ ▬▬ ▬▬ ▬▬▬ ▬ ▬▬▬▬ ▬▬ ▬▬ ▬▬▬ ▬ ▬▬▬▬ ▬▬ ▬▬ ▬▬▬ ▬ ▬▬▬▬ ▬▬ ▬▬ ▬▬▬ ▬ ▬▬▬▬ ▬▬ ▬▬ ▬▬▬ ▬ ▬▬▬▬ ▬▬ ▬▬ ▬▬▬ ▬ ▬▬▬▬ ▬▬ ▬▬ ▬▬▬ ▬ ▬▬▬▬ ▬▬ ▬▬ ▬▬▬ ▬ ▬▬▬▬ ▬▬ ▬▬ ▬▬▬ ▬ ▬▬▬▬ ▬▬ ▬▬ ▬▬▬ ▬ ▬▬▬▬ ▬▬ ▬▬ ▬▬▬ ▬ ▬▬▬▬ ▬▬ ▬▬ ▬▬▬ ▬ ▬▬▬▬ ▬▬ ▬▬ ▬▬▬ ▬ ▬▬▬▬ ▬▬ ▬▬ ▬▬▬ ▬ ▬▬▬▬ ▬▬ ▬▬ ▬▬▬ ▬ ▬▬▬▬ ▬▬ ▬▬ ▬▬▬ ▬ ▬▬▬▬ ▬▬ ▬▬ ▬▬▬ ▬ ▬▬▬▬ ▬▬ ▬▬ ▬▬▬ ▬ ▬▬▬▬ ▬▬ ▬▬ ▬▬▬ ▬ ▬▬▬▬ ▬▬ ▬▬ ▬▬▬ ▬ ▬▬▬▬ ▬▬ ▬▬ ▬▬▬ ▬ ▬▬▬▬ ▬▬ ▬▬ ▬▬▬ ▬ ▬▬▬▬ ▬▬ ▬▬ ▬▬▬ ▬ ▬▬▬▬ ▬▬ ▬▬ ▬▬▬ ▬ ▬▬▬▬ ▬▬ ▬▬ ▬▬▬ ▬ ▬▬▬▬ ▬▬ ▬▬ ▬▬▬ ▬ ▬▬▬▬ ▬▬ ▬▬ ▬▬▬ ▬ ▬▬▬▬ ▬▬ ▬▬ ▬▬▬ ▬ ▬▬▬▬ ▬▬ ▬▬ ▬▬▬ ▬ ▬▬▬▬ ▬▬ ▬▬ ▬▬▬ ▬ ▬▬▬▬ ▬▬ ▬▬ ▬▬▬ ▬ ▬▬▬▬ ▬▬ ▬▬ ▬▬▬ ▬ ▬▬▬▬ ▬▬ ▬▬ ▬▬▬ ▬ ▬▬▬▬ ▬▬ ▬▬ ▬▬▬ ▬ ▬▬▬▬ ▬▬ ▬▬ ▬▬▬ ▬ ▬▬▬▬ ▬▬ ▬▬ ▬▬▬ ▬ ▬▬▬▬ ▬▬ ▬▬ ▬▬▬ ▬ ▬▬▬▬ ▬▬ ▬▬ ▬▬▬ ▬ ▬▬▬▬ ▬▬ ▬▬ ▬▬▬ ▬ ▬▬▬▬ ▬▬ ▬▬ ▬▬▬ ▬ ▬▬▬▬ ▬▬ ▬▬ ▬▬▬ ▬ ▬▬▬▬ ▬▬ ▬▬ ▬▬▬ ▬ ▬▬▬▬ ▬▬ ▬▬ ▬▬▬ ▬ ▬▬▬▬ ▬▬ ▬▬ ▬▬▬ ▬ ▬▬▬▬ ▬▬ ▬▬ ▬▬▬ ▬ ▬▬▬▬ ▬▬ ▬▬ ▬▬▬ ▬ ▬▬▬▬ ▬▬ ▬▬ ▬▬▬ ▬ ▬▬▬▬ ▬▬ ▬▬ ▬▬▬ ▬ ▬▬▬▬ ▬▬ ▬▬ ▬▬▬ ▬ ▬▬▬▬ ▬▬ ▬▬ ▬▬▬ ▬ ▬▬▬▬ ▬▬ ▬▬ ▬▬▬ ▬ ▬▬▬▬ ▬▬ ▬▬ ▬▬▬ ▬ ▬▬▬▬ ▬▬ ▬▬ ▬▬▬ ▬ ▬▬▬▬ ▬▬ ▬▬ ▬▬▬ ▬ ▬▬▬▬ ▬▬ ▬▬ ▬▬▬ ▬ ▬▬▬▬ ▬▬ ▬▬ ▬▬▬ ▬ ▬▬▬▬ ▬▬ ▬▬ ▬▬▬ ▬ ▬▬▬▬ ▬▬ ▬▬ ▬▬▬ ▬ ▬▬▬▬ ▬▬ ▬▬ ▬▬▬ ▬ ▬▬▬▬ ▬▬ ▬▬ ▬▬▬ ▬ ▬▬▬▬ ▬▬ ▬▬ ▬▬▬ ▬ ▬▬▬▬ ▬▬ ▬▬ ▬▬▬ ▬ ▬▬▬▬ ▬▬ ▬▬ ▬▬▬ ▬ ▬▬▬▬ ▬▬ ▬▬ ▬▬▬ ▬ ▬▬▬▬ ▬▬ ▬▬ ▬▬▬ ▬ ▬▬▬▬ ▬▬ ▬▬ ▬▬▬ ▬ ▬▬▬▬ ▬▬ ▬▬ ▬▬▬ ▬ ▬▬▬▬ ▬▬ ▬▬ ▬▬▬ ▬ ▬▬▬▬ ▬▬ ▬▬ ▬▬▬ ▬ ▬▬▬▬ ▬▬ ▬▬ ▬▬▬ ▬ ▬▬▬▬ ▬▬ ▬▬ ▬▬▬ ▬ ▬▬▬▬ ▬▬ ▬▬ ▬▬▬ ▬ ▬▬▬▬ ▬▬ ▬▬ ▬▬▬ ▬ ▬▬▬▬ ▬▬ ▬▬ ▬▬▬ ▬ ▬▬▬▬ ▬▬ ▬▬ ▬▬▬ ▬ ▬▬▬▬ ▬▬ ▬▬ ▬▬▬ ▬ ▬▬▬▬ ▬▬ ▬▬ ▬▬▬ ▬ ▬▬▬▬ ▬▬ ▬▬ ▬▬▬ ▬ ▬▬▬▬ ▬▬ ▬▬ ▬▬▬ ▬ ▬▬▬▬ ▬▬ ▬▬ ▬▬▬ ▬ ▬▬▬▬ ▬▬ ▬▬ ▬▬▬ ▬ ▬▬▬▬ ▬▬ ▬▬ ▬▬▬ ▬ ▬▬▬▬ ▬▬ ▬▬ ▬▬▬ ▬ ▬▬▬▬ ▬▬ ▬▬ ▬▬▬ ▬ ▬▬▬▬ ▬▬ ▬▬ ▬▬▬ ▬ ▬▬▬▬ ▬▬ ▬▬ ▬▬▬ ▬ ▬▬▬▬ ▬▬ ▬▬ ▬▬▬ ▬ ▬▬▬▬ ▬▬ ▬▬ ▬▬▬ ▬ ▬▬▬▬ ▬▬ ▬▬ ▬▬▬ ▬ ▬▬▬▬ ▬▬ ▬▬ ▬▬▬ ▬ ▬▬▬▬ ▬▬ ▬▬ ▬▬▬ ▬ ▬▬▬▬ ▬▬ ▬▬ ▬▬▬ ▬ ▬▬▬▬ ▬▬ ▬▬ ▬▬▬ ▬ ▬▬▬▬ ▬▬ ▬▬ ▬▬▬ ▬ ▬▬▬▬ ▬▬ ▬▬ ▬▬▬ ▬ ▬▬▬▬ ▬▬ ▬▬ ▬▬▬ ▬ ▬▬▬▬ ▬▬ ▬▬ ▬▬▬ ▬ ▬▬▬▬ ▬▬ ▬▬ ▬▬▬ ▬ ▬▬▬▬ ▬▬ ▬▬ ▬▬▬ ▬ ▬▬▬▬ ▬▬ ▬▬ ▬▬▬ ▬ ▬▬▬▬ ▬▬ ▬▬ ▬▬▬ ▬ ▬▬▬▬ ▬▬ ▬▬ ▬▬▬ ▬ ▬▬▬▬ ▬▬ ▬▬ ▬▬▬ ▬ ▬▬▬▬ ▬▬ ▬▬ ▬▬▬ ▬ ▬▬▬▬ ▬▬ ▬▬ ▬▬▬ ▬ ▬▬▬▬ ▬▬ ▬▬ ▬▬▬ ▬ ▬▬▬▬ ▬▬ ▬▬ ▬▬▬ ▬ ▬▬▬▬ ▬▬ ▬▬ ▬▬▬ ▬ ▬▬▬▬ ▬▬ ▬▬ ▬▬▬ ▬ ▬▬▬▬ ▬▬ ▬▬ ▬▬▬ ▬ ▬▬▬▬ ▬▬ ▬▬ ▬▬▬ ▬ ▬▬▬▬ ▬▬ ▬▬ ▬▬▬ ▬ ▬▬▬▬ ▬▬ ▬▬ ▬▬▬ ▬ ▬▬▬▬ ▬▬ ▬▬ ▬▬▬ ▬ ▬▬▬▬ ▬▬ ▬▬ ▬▬▬ ▬ ▬▬▬▬ ▬▬ ▬▬ ▬▬▬ ▬ ▬▬▬▬ ▬▬ ▬▬ ▬▬▬ ▬ ▬▬▬▬ ▬▬ ▬▬ ▬▬▬ ▬ ▬▬▬▬ ▬▬ ▬▬ ▬▬▬ ▬ ▬▬▬▬ ▬▬ ▬▬ ▬▬▬ ▬ ▬▬▬▬ ▬▬ ▬▬ ▬▬▬ ▬ ▬▬▬▬ ▬▬ ▬▬ ▬▬▬ ▬ ▬▬▬▬ ▬▬ ▬▬ ▬▬▬ ▬ ▬▬▬▬ ▬▬ ▬▬ ▬▬▬ ▬ ▬▬▬▬ ▬▬ ▬▬ ▬▬▬ ▬ ▬▬▬▬ ▬▬ ▬▬ ▬▬▬ ▬ ▬▬▬▬ ▬▬ ▬▬ ▬▬▬ ▬ ▬▬▬▬ ▬▬ ▬▬ ▬▬▬ ▬ ▬▬▬▬ ▬▬ ▬▬ ▬▬▬ ▬ ▬▬▬▬ ▬▬ ▬▬ ▬▬▬ ▬ ▬▬▬▬ ▬▬ ▬▬ ▬▬▬ ▬ ▬▬▬▬ ▬▬ ▬▬ ▬▬▬ ▬ ▬▬▬▬ ▬▬ ▬▬ ▬▬▬ ▬ ▬▬▬▬ ▬▬ ▬▬ ▬▬▬ ▬ ▬▬▬▬ ▬▬ ▬▬ ▬▬▬ ▬ ▬▬▬▬ ▬▬ ▬▬ ▬▬▬ ▬ ▬▬▬▬ ▬▬ ▬▬ ▬▬▬ ▬ ▬▬▬▬ ▬▬ ▬▬ ▬▬▬ ▬ ▬▬▬▬ ▬▬ ▬▬ ▬▬▬ ▬ ▬▬▬▬ ▬▬ ▬▬ ▬▬▬ ▬ ▬▬▬▬ ▬▬ ▬▬ ▬▬▬ ▬ ▬▬▬▬ ▬▬ ▬▬ ▬▬▬ ▬ ▬▬▬▬ ▬▬ ▬▬ ▬▬▬ ▬ ▬▬▬▬ ▬▬ ▬▬ ▬▬▬ ▬ ▬▬▬▬ ▬▬ ▬▬ ▬▬▬ ▬ ▬▬▬▬ ▬▬ ▬▬ ▬▬▬ ▬ ▬▬▬▬ ▬▬ ▬▬ ▬▬▬ ▬ ▬▬▬▬ ▬▬ ▬▬ ▬▬▬ ▬ ▬▬▬▬ ▬▬ ▬▬ ▬▬▬ ▬ ▬▬▬▬ ▬▬ ▬▬ ▬▬▬ ▬ ▬▬▬▬ ▬▬ ▬▬ ▬▬▬ ▬ ▬▬▬▬ ▬▬ ▬▬ ▬▬▬ ▬ ▬▬▬▬ ▬▬ ▬▬ ▬▬▬ ▬ ▬▬▬▬ ▬▬ ▬▬ ▬▬▬ ▬ ▬▬▬▬ ▬▬ ▬▬ ▬▬▬ ▬ ▬▬▬▬ ▬▬ ▬▬ ▬▬▬ ▬ ▬▬▬▬ ▬▬ ▬▬ ▬▬▬ ▬ ▬▬▬▬ ▬▬ ▬▬ ▬▬▬ ▬ ▬▬▬▬ ▬▬ ▬▬ ▬▬▬ ▬ ▬▬▬▬ ▬▬ ▬▬ ▬▬▬ ▬ ▬▬▬▬ ▬▬ ▬▬ ▬▬▬ ▬ ▬▬▬▬ ▬▬ ▬▬ ▬▬▬ ▬ ▬▬▬▬ ▬▬ ▬▬ ▬▬▬ ▬ ▬▬▬▬ ▬▬ ▬▬ ▬▬▬ ▬ ▬▬▬▬ ▬▬ ▬▬ ▬▬▬ ▬ ▬▬▬▬ ▬▬ ▬▬ ▬▬▬ ▬ ▬▬▬▬ ▬▬ ▬▬ ▬▬▬ ▬ ▬▬▬▬ ▬▬ ▬▬ ▬▬▬ ▬ ▬▬▬▬ ▬▬ ▬▬ ▬▬▬ ▬ ▬▬▬▬ ▬▬ ▬▬ ▬▬▬ ▬ ▬▬▬▬ ▬▬ ▬▬ ▬▬▬ ▬ ▬▬▬▬ ▬▬ ▬▬ ▬▬▬ ▬ ▬▬▬▬ ▬▬ ▬▬ ▬▬▬ ▬ ▬▬▬▬ ▬▬ ▬▬ ▬▬▬ ▬ ▬▬▬▬ ▬▬ ▬▬ ▬▬▬ ▬ ▬▬▬▬ ▬▬ ▬▬ ▬▬▬ ▬ ▬▬▬▬ ▬▬ ▬▬ ▬▬▬ ▬ ▬▬▬▬ ▬▬ ▬▬ ▬▬▬ ▬ ▬▬▬▬ ▬▬ ▬▬ ▬▬▬ ▬ ▬▬▬▬ ▬▬ ▬▬ ▬▬▬ ▬ ▬▬▬▬ ▬▬ ▬▬ ▬▬▬ ▬ ▬▬▬▬ ▬▬ ▬▬ ▬▬▬ ▬ ▬▬▬▬ ▬▬ ▬▬ ▬▬▬ ▬ ▬▬▬▬ ▬▬ ▬▬ ▬▬▬ ▬ ▬▬▬▬ ▬▬ ▬▬ ▬▬▬ ▬ ▬▬▬▬ ▬▬ ▬▬ ▬▬▬ ▬ ▬▬▬▬ ▬▬ ▬▬ ▬▬▬ ▬ ▬▬▬▬ ▬▬ ▬▬ ▬▬▬ ▬ ▬▬▬▬ ▬▬ ▬▬ ▬▬▬ ▬ ▬▬▬▬ ▬▬ ▬▬ ▬▬▬ ▬ ▬▬▬▬ ▬▬ ▬▬ ▬▬▬ ▬ ▬▬▬▬ ▬▬ ▬▬ ▬▬▬ ▬ ▬▬▬▬ ▬▬ ▬▬ ▬▬▬ ▬ ▬▬▬▬ ▬▬ ▬▬ ▬▬▬ ▬ ▬▬▬▬ ▬▬ ▬▬ ▬▬▬ ▬ ▬▬▬▬ ▬▬ ▬▬ ▬▬▬ ▬ ▬▬▬▬ ▬▬ ▬▬ ▬▬▬ ▬ ▬▬▬▬ ▬▬ ▬▬ ▬▬▬ ▬ ▬▬▬▬ ▬▬ ▬▬ ▬▬▬ ▬ ▬▬▬▬ ▬▬ ▬▬ ▬▬▬ ▬ ▬▬▬▬ ▬▬ ▬▬ ▬▬▬ ▬ ▬▬▬▬ ▬▬ ▬▬ ▬▬▬ ▬ ▬▬▬▬ ▬▬ ▬▬ ▬▬▬ ▬ ▬▬▬▬ ▬▬ ▬▬ ▬▬▬ ▬ ▬▬▬▬ ▬▬ ▬▬ ▬▬▬ ▬ ▬▬▬▬ ▬▬ ▬▬ ▬▬▬ ▬ ▬▬▬▬ ▬▬ ▬▬ ▬▬▬ ▬ ▬▬▬▬ ▬▬ ▬▬ ▬▬▬ ▬ ▬▬▬▬ ▬▬ ▬▬ ▬▬▬ ▬ ▬▬▬▬ ▬▬ ▬▬ ▬▬▬ ▬ ▬▬▬▬ ▬▬ ▬▬ ▬▬▬ ▬ ▬▬▬▬ ▬▬ ▬▬ ▬▬▬ ▬ ▬▬▬▬ ▬▬ ▬▬ ▬▬▬ ▬ ▬▬▬▬ ▬▬ ▬▬ ▬▬▬ ▬ ▬▬▬▬ ▬▬ ▬▬ ▬▬▬ ▬ ▬▬▬▬ ▬▬ ▬▬ ▬▬▬ ▬ ▬▬▬▬ ▬▬ ▬▬ ▬▬▬ ▬ ▬▬▬▬ ▬▬ ▬▬ ▬▬▬ ▬ ▬▬▬▬ ▬▬ ▬▬ ▬▬▬ ▬ ▬▬▬▬ ▬▬ ▬▬ ▬▬▬ ▬ ▬▬▬▬ ▬▬ ▬▬ ▬▬▬ ▬ ▬▬▬▬ ▬▬ ▬▬ ▬▬▬ ▬ ▬▬▬▬ ▬▬ ▬▬ ▬▬▬ ▬ ▬▬▬▬ ▬▬ ▬▬ ▬▬▬ ▬ ▬▬▬▬ ▬▬ ▬▬ ▬▬▬ ▬ ▬▬▬▬ ▬▬ ▬▬ ▬▬▬ ▬ ▬▬▬▬ ▬▬ ▬▬ ▬▬▬ ▬ ▬▬▬▬ ▬▬ ▬▬ ▬▬▬ ▬ ▬▬▬▬ ▬▬ ▬▬ ▬▬▬ ▬ ▬▬▬▬ ▬▬ ▬▬ ▬▬▬ ▬ ▬▬▬▬ ▬▬ ▬▬ ▬▬▬ ▬ ▬▬▬▬ ▬▬ ▬▬ ▬▬▬ ▬ ▬▬▬▬ ▬▬ ▬▬ ▬▬▬ ▬ ▬▬▬▬ ▬▬ ▬▬ ▬▬▬ ▬ ▬▬▬▬ ▬▬ ▬▬ ▬▬▬ ▬ ▬▬▬▬ ▬▬ ▬▬ ▬▬▬ ▬ ▬▬▬▬ ▬▬ ▬▬ ▬▬▬ ▬ ▬▬▬▬ ▬▬ ▬▬ ▬▬▬ ▬ ▬▬▬▬ ▬▬ ▬▬ ▬▬▬ ▬ ▬▬▬▬ ▬▬ ▬▬ ▬▬▬ ▬ ▬▬▬▬ ▬▬ ▬▬ ▬▬▬ ▬ ▬▬▬▬ ▬▬ ▬▬ ▬▬▬ ▬ ▬▬▬▬ ▬▬ ▬▬ ▬▬▬ ▬ ▬▬▬▬ ▬▬ ▬▬ ▬▬▬ ▬ ▬▬▬▬ ▬▬ ▬▬ ▬▬▬ ▬ ▬▬▬▬ ▬▬ ▬▬ ▬▬▬ ▬ ▬▬▬▬ ▬▬ ▬▬ ▬▬▬ ▬ ▬▬▬▬ ▬▬ ▬▬ ▬▬▬ ▬ ▬▬▬▬ ▬▬ ▬▬ ▬▬▬ ▬ ▬▬▬▬ ▬▬ ▬▬ ▬▬▬ ▬ ▬▬▬▬ ▬▬ ▬▬ ▬▬▬ ▬ ▬▬▬▬ ▬▬ ▬▬ ▬▬▬ ▬ ▬▬▬▬ ▬▬ ▬▬ ▬▬▬ ▬ ▬▬▬▬ ▬▬ ▬▬ ▬▬▬ ▬ ▬▬▬▬ ▬▬ ▬▬ ▬▬▬ ▬ ▬▬▬▬ ▬▬ ▬▬ ▬▬▬ ▬ ▬▬▬▬ ▬▬ ▬▬ ▬▬▬ ▬ ▬▬▬▬ ▬▬ ▬▬ ▬▬▬ ▬ ▬▬▬▬ ▬▬ ▬▬ ▬▬▬ ▬ ▬▬▬▬ ▬▬ ▬▬ ▬▬▬ ▬ ▬▬▬▬ ▬▬ ▬▬ ▬▬▬ ▬ ▬▬▬▬ ▬▬ ▬▬ ▬▬▬ ▬ ▬▬▬▬ ▬▬ ▬▬ ▬▬▬ ▬ ▬▬▬▬ ▬▬ ▬▬ ▬▬▬ ▬ ▬▬▬▬ ▬▬ ▬▬ ▬▬▬ ▬ ▬▬▬▬ ▬▬ ▬▬ ▬▬▬ ▬ ▬▬▬▬ ▬▬ ▬▬ ▬▬▬ ▬ ▬▬▬▬ ▬▬ ▬▬ ▬▬▬ ▬ ▬▬▬▬ ▬▬ ▬▬ ▬▬▬ ▬ ▬▬▬▬ ▬▬ ▬▬ ▬▬▬ ▬ ▬▬▬▬ ▬▬ ▬▬ ▬▬▬ ▬ ▬▬▬▬ ▬▬ ▬▬ ▬▬▬ ▬ ▬▬▬▬ ▬▬ ▬▬ ▬▬▬ ▬ ▬▬▬▬ ▬▬ ▬▬ ▬▬▬ ▬ ▬▬▬▬ ▬▬ ▬▬ ▬▬▬ ▬ ▬▬▬▬ ▬▬ ▬▬ ▬▬▬ ▬ ▬▬▬▬ ▬▬ ▬▬ ▬▬▬ ▬ ▬▬▬▬ ▬▬ ▬▬ ▬▬▬ ▬ ▬▬▬▬ ▬▬ ▬▬ ▬▬▬ ▬ ▬▬▬▬ ▬▬ ▬▬ ▬▬▬ ▬ ▬▬▬▬ ▬▬ ▬▬ ▬▬▬ ▬ ▬▬▬▬ ▬▬ ▬▬ ▬▬▬ ▬ ▬▬▬▬ ▬▬ ▬▬ ▬▬▬ ▬ ▬▬▬▬ ▬▬ ▬▬ ▬▬▬ ▬ ▬▬▬▬ ▬▬ ▬▬ ▬▬▬ ▬ ▬▬▬▬ ▬▬ ▬▬ ▬▬▬ ▬ ▬▬▬▬ ▬▬ ▬▬ ▬▬▬ ▬ ▬▬▬▬ ▬▬ ▬▬ ▬▬▬ ▬ ▬▬▬▬ ▬▬ ▬▬ ▬▬▬ ▬ ▬▬▬▬ ▬▬ ▬▬ ▬▬▬ ▬ ▬▬▬▬ ▬▬ ▬▬ ▬▬▬ ▬ ▬▬▬▬ ▬▬ ▬▬ ▬▬▬ ▬ ▬▬▬▬ ▬▬ ▬▬ ▬▬▬ ▬ ▬▬▬▬ ▬▬ ▬▬ ▬▬▬ ▬ ▬▬▬▬ ▬▬ ▬▬ ▬▬▬ ▬ ▬▬▬▬ ▬▬ ▬▬ ▬▬▬ ▬ ▬▬▬▬ ▬▬ ▬▬ ▬▬▬ ▬ ▬▬▬▬ ▬▬ ▬▬ ▬▬▬ ▬ ▬▬▬▬ ▬▬ ▬▬ ▬▬▬ ▬ ▬▬▬▬ ▬▬ ▬▬ ▬▬▬ ▬ ▬▬▬▬ ▬▬ ▬▬ ▬▬▬ ▬ ▬▬▬▬ ▬▬ ▬▬ ▬▬▬ ▬ ▬▬▬▬ ▬▬
CLYDESDALE C.C. AVERAGES.
▬▬ ▬▬▬ ▬ ▬▬▬▬ ▬▬ ▬▬ ▬▬▬ ▬ ▬▬▬▬ ▬▬ ▬▬ ▬▬▬ ▬ ▬▬▬▬ ▬▬ ▬▬ ▬▬▬ ▬ ▬▬▬▬ ▬▬ ▬▬ ▬▬▬ ▬ ▬▬▬▬ ▬▬ ▬▬ ▬▬▬ ▬ ▬▬▬▬ ▬▬ ▬▬ ▬▬▬ ▬ ▬▬▬▬ ▬▬ ▬▬ ▬▬▬ ▬ ▬▬▬▬ ▬▬ ▬▬ ▬▬▬ ▬ ▬▬▬▬ ▬▬ ▬▬ ▬▬▬ ▬ ▬▬▬▬ ▬▬ ▬▬ ▬▬▬ ▬ ▬▬▬▬ ▬▬ ▬▬ ▬▬▬ ▬ ▬▬▬▬ ▬▬ ▬▬ ▬▬▬ ▬ ▬▬▬▬ ▬▬ ▬▬ ▬▬▬ ▬ ▬▬▬▬ ▬▬ ▬▬ ▬▬▬ ▬ ▬▬▬▬ ▬▬ ▬▬ ▬▬▬ ▬ ▬▬▬▬ ▬▬ ▬▬ ▬▬▬ ▬ ▬▬▬▬ ▬▬ ▬▬ ▬▬▬ ▬ ▬▬▬▬ ▬▬ ▬▬ ▬▬▬ ▬ ▬▬▬▬ ▬▬ ▬▬ ▬▬▬ ▬ ▬▬▬▬ ▬▬ ▬▬ ▬▬▬ ▬ ▬▬▬▬ ▬▬ ▬▬ ▬▬▬ ▬ ▬▬▬▬ ▬▬
FIRST ELEVEN AVERAGES.
▬▬▬▬▬▬	▬	▬	▬	▬	▬
▬▬▬▬▬▬	▬	▬	▬	▬	▬
▬▬▬▬▬▬	▬	▬	▬	▬	▬
▬▬▬▬▬▬	▬	▬	▬	▬	▬
▬▬▬▬▬▬	▬	▬	▬	▬	▬
▬▬▬▬▬▬	▬	▬	▬	▬	▬
▬▬▬▬▬▬	▬	▬	▬	▬	▬
▬▬▬▬▬▬	▬	▬	▬	▬	▬
▬▬▬▬▬▬	▬	▬	▬	▬	▬
▬▬▬▬▬▬	▬	▬	▬	▬	▬
▬▬▬▬▬▬	▬	▬	▬	▬	▬
▬▬▬▬▬▬	▬	▬	▬	▬	▬
▬▬▬▬▬▬	▬	▬	▬	▬	▬
▬▬▬▬▬▬	▬	▬	▬	▬	▬
▬▬▬▬▬▬	▬	▬	▬	▬	▬
▬▬▬▬▬▬	▬	▬	▬	▬	▬
▬▬▬▬▬▬	▬	▬	▬	▬	▬
▬▬▬▬▬▬	▬	▬	▬	▬	▬
▬▬▬▬▬▬	▬	▬	▬	▬	▬
▬▬▬▬▬▬	▬	▬	▬	▬	▬
▬▬▬▬▬▬	▬	▬	▬	▬	▬
▬▬▬▬▬▬	▬	▬	▬	▬	▬
WESTERN CRICKET UNION AVERAGES.
▬▬▬▬▬▬	▬	▬	▬	▬	▬
▬▬▬▬▬▬	▬	▬	▬	▬	▬
▬▬▬▬▬▬	▬	▬	▬	▬	▬
▬▬▬▬▬▬	▬	▬	▬	▬	▬
▬▬▬▬▬▬	▬	▬	▬	▬	▬
▬▬▬▬▬▬	▬	▬	▬	▬	▬
▬▬▬▬▬▬	▬	▬	▬	▬	▬
▬▬▬▬▬▬	▬	▬	▬	▬	▬
▬▬▬▬▬▬	▬	▬	▬	▬	▬
▬▬▬▬▬▬	▬	▬	▬	▬	▬
▬▬▬▬▬▬	▬	▬	▬	▬	▬
▬▬▬▬▬▬	▬	▬	▬	▬	▬
▬▬▬▬▬▬	▬	▬	▬	▬	▬
▬▬▬▬▬▬	▬	▬	▬	▬	▬
▬▬▬▬▬▬	▬	▬	▬	▬	▬
▬▬▬▬▬▬	▬	▬	▬	▬	▬
▬▬▬▬▬▬	▬	▬	▬	▬	▬
▬▬▬▬▬▬	▬	▬	▬	▬	▬
▬▬▬▬▬▬	▬	▬	▬	▬	▬
▬▬▬▬▬▬	▬	▬	▬	▬	▬
▬▬▬▬▬▬	▬	▬	▬	▬	▬
▬▬▬▬▬▬	▬	▬	▬	▬	▬
▬▬▬▬▬▬	▬	▬	▬	▬	▬
▬▬▬▬▬▬	▬	▬	▬	▬	▬
▬▬▬▬▬▬	▬	▬	▬	▬	▬
▬▬▬▬▬▬	▬	▬	▬	▬	▬
Matches Played.
▬▬ ▬▬▬ ▬ ▬▬▬▬ ▬▬ ▬▬ ▬▬▬ ▬ ▬▬▬▬ ▬▬ ▬▬ ▬▬▬ ▬ ▬▬▬▬ ▬▬ ▬▬ ▬▬▬ ▬ ▬▬▬▬ ▬▬ ▬▬ ▬▬▬ ▬ ▬▬▬▬ ▬▬ ▬▬ ▬▬▬ ▬ ▬▬▬▬ ▬▬ ▬▬ ▬▬▬ ▬ ▬▬▬▬ ▬▬ ▬▬ ▬▬▬ ▬ ▬▬▬▬ ▬▬ ▬▬ ▬▬▬ ▬ ▬▬▬▬ ▬▬ ▬▬ ▬▬▬ ▬ ▬▬▬▬ ▬▬ ▬▬ ▬▬▬ ▬ ▬▬▬▬ ▬▬ ▬▬ ▬▬▬ ▬ ▬▬▬▬ ▬▬ ▬▬ ▬▬▬ ▬ ▬▬▬▬ ▬▬ ▬▬ ▬▬▬ ▬ ▬▬▬▬ ▬▬ ▬▬ ▬▬▬ ▬ ▬▬▬▬ ▬▬ ▬▬ ▬▬▬ ▬ ▬▬▬▬ ▬▬ ▬▬ ▬▬▬ ▬ ▬▬▬▬ ▬▬ ▬▬ ▬▬▬ ▬ ▬▬▬▬ ▬▬ ▬▬ ▬▬▬ ▬ ▬▬▬▬ ▬▬ ▬▬ ▬▬▬ ▬ ▬▬▬▬ ▬▬ ▬▬ ▬▬▬ ▬ ▬▬▬▬ ▬▬ ▬▬ ▬▬▬ ▬ ▬▬▬▬ ▬▬ ▬▬ ▬▬▬ ▬ ▬▬▬▬ ▬▬ ▬▬ ▬▬▬ ▬ ▬▬▬▬ ▬▬ ▬▬ ▬▬▬ ▬ ▬▬▬▬ ▬▬ ▬▬ ▬▬▬ ▬ ▬▬▬▬ ▬▬ ▬▬ ▬▬▬ ▬ ▬▬▬▬ ▬▬ ▬▬ ▬▬▬ ▬ ▬▬▬▬ ▬▬ ▬▬ ▬▬▬ ▬ ▬▬▬▬ ▬▬ ▬▬ ▬▬▬ ▬ ▬▬▬▬ ▬▬ ▬▬ ▬▬▬ ▬ ▬▬▬▬ ▬▬ ▬▬ ▬▬▬ ▬ ▬▬▬▬ ▬▬ ▬▬ ▬▬▬ ▬ ▬▬▬▬ ▬▬ ▬▬ ▬▬▬ ▬ ▬▬▬▬ ▬▬ ▬▬ ▬▬▬ ▬ ▬▬▬▬ ▬▬ ▬▬ ▬▬▬ ▬ ▬▬▬▬ ▬▬ ▬▬ ▬▬▬ ▬ ▬▬▬▬ ▬▬ ▬▬ ▬▬▬ ▬ ▬▬▬▬ ▬▬ ▬▬ ▬▬▬ ▬ ▬▬▬▬ ▬▬ ▬▬ ▬▬▬ ▬ ▬▬▬▬ ▬▬ ▬▬ ▬▬▬ ▬ ▬▬▬▬ ▬▬ ▬▬ ▬▬▬ ▬ ▬▬▬▬ ▬▬ ▬▬ ▬▬▬ ▬ ▬▬▬▬ ▬▬ ▬▬ ▬▬▬ ▬ ▬▬▬▬ ▬▬ ▬▬ ▬▬▬ ▬ ▬▬▬▬ ▬▬ ▬▬ ▬▬▬ ▬ ▬▬▬▬ ▬▬ ▬▬ ▬▬▬ ▬ ▬▬▬▬ ▬▬ ▬▬ ▬▬▬ ▬ ▬▬▬▬ ▬▬ ▬▬ ▬▬▬ ▬ ▬▬▬▬ ▬▬ ▬▬ ▬▬▬ ▬ ▬▬▬▬ ▬▬ ▬▬ ▬▬▬ ▬ ▬▬▬▬ ▬▬ ▬▬ ▬▬▬ ▬ ▬▬▬▬ ▬▬ ▬▬ ▬▬▬ ▬ ▬▬▬▬ ▬▬ ▬▬ ▬▬▬ ▬ ▬▬▬▬ ▬▬ ▬▬ ▬▬▬ ▬ ▬▬▬▬ ▬▬ ▬▬ ▬▬▬ ▬ ▬▬▬▬ ▬▬ ▬▬ ▬▬▬ ▬ ▬▬▬▬ ▬▬ ▬▬ ▬▬▬ ▬ ▬▬▬▬ ▬▬ ▬▬ ▬▬▬ ▬ ▬▬▬▬ ▬▬ ▬▬ ▬▬▬ ▬ ▬▬▬▬ ▬▬ ▬▬ ▬▬▬ ▬ ▬▬▬▬ ▬▬ ▬▬ ▬▬▬ ▬ ▬▬▬▬ ▬▬ ▬▬ ▬▬▬ ▬ ▬▬▬▬ ▬▬ ▬▬ ▬▬▬ ▬ ▬▬▬▬ ▬▬ ▬▬ ▬▬▬ ▬ ▬▬▬▬ ▬▬ ▬▬ ▬▬▬ ▬ ▬▬▬▬ ▬▬ ▬▬ ▬▬▬ ▬ ▬▬▬▬ ▬▬ ▬▬ ▬▬▬ ▬ ▬▬▬▬ ▬▬ ▬▬ ▬▬▬ ▬ ▬▬▬▬ ▬▬ ▬▬ ▬▬▬ ▬ ▬▬▬▬ ▬▬ ▬▬ ▬▬▬ ▬ ▬▬▬▬ ▬▬ ▬▬ ▬▬▬ ▬ ▬▬▬▬ ▬▬ ▬▬ ▬▬▬ ▬ ▬▬▬▬ ▬▬ ▬▬ ▬▬▬ ▬ ▬▬▬▬ ▬▬ ▬▬ ▬▬▬ ▬ ▬▬▬▬ ▬▬ ▬▬ ▬▬▬ ▬ ▬▬▬▬ ▬▬ ▬▬ ▬▬▬ ▬ ▬▬▬▬ ▬▬ ▬▬ ▬▬▬ ▬ ▬▬▬▬ ▬▬ ▬▬ ▬▬▬ ▬ ▬▬▬▬ ▬▬ ▬▬ ▬▬▬ ▬ ▬▬▬▬ ▬▬ ▬▬ ▬▬▬ ▬ ▬▬▬▬ ▬▬ ▬▬ ▬▬▬ ▬ ▬▬▬▬ ▬▬ ▬▬ ▬▬▬ ▬ ▬▬▬▬ ▬▬ ▬▬ ▬▬▬ ▬ ▬▬▬▬ ▬▬ ▬▬ ▬▬▬ ▬ ▬▬▬▬ ▬▬ ▬▬ ▬▬▬ ▬ ▬▬▬▬ ▬▬ ▬▬ ▬▬▬ ▬ ▬▬▬▬ ▬▬ ▬▬ ▬▬▬ ▬ ▬▬▬▬ ▬▬ ▬▬ ▬▬▬ ▬ ▬▬▬▬ ▬▬ ▬▬ ▬▬▬ ▬ ▬▬▬▬ ▬▬ ▬▬ ▬▬▬ ▬ ▬▬▬▬ ▬▬ ▬▬ ▬▬▬ ▬ ▬▬▬▬ ▬▬
TO-MORROW'S TEAMS.
▬▬ ▬▬▬ ▬ ▬▬▬▬ ▬▬ ▬▬ ▬▬▬ ▬ ▬▬▬▬ ▬▬ ▬▬ ▬▬▬ ▬ ▬▬▬▬ ▬▬ ▬▬ ▬▬▬ ▬ ▬▬▬▬ ▬▬ ▬▬ ▬▬▬ ▬ ▬▬▬▬ ▬▬ ▬▬ ▬▬▬ ▬ ▬▬▬▬ ▬▬ ▬▬ ▬▬▬ ▬ ▬▬▬▬ ▬▬ ▬▬ ▬▬▬ ▬ ▬▬▬▬ ▬▬ ▬▬ ▬▬▬ ▬ ▬▬▬▬ ▬▬ ▬▬ ▬▬▬ ▬ ▬▬▬▬ ▬▬ ▬▬ ▬▬▬ ▬ ▬▬▬▬ ▬▬ ▬▬ ▬▬▬ ▬ ▬▬▬▬ ▬▬ ▬▬ ▬▬▬ ▬ ▬▬▬▬ ▬▬ ▬▬ ▬▬▬ ▬ ▬▬▬▬ ▬▬ ▬▬ ▬▬▬ ▬ ▬▬▬▬ ▬▬ ▬▬ ▬▬▬ ▬ ▬▬▬▬ ▬▬ ▬▬ ▬▬▬ ▬ ▬▬▬▬ ▬▬ ▬▬ ▬▬▬ ▬ ▬▬▬▬ ▬▬ ▬▬ ▬▬▬ ▬ ▬▬▬▬ ▬▬ ▬▬ ▬▬▬ ▬ ▬▬▬▬ ▬▬ ▬▬ ▬▬▬ ▬ ▬▬▬▬ ▬▬ ▬▬ ▬▬▬ ▬ ▬▬▬▬ ▬▬ ▬▬ ▬▬▬ ▬ ▬▬▬▬ ▬▬ ▬▬ ▬▬▬ ▬ ▬▬▬▬ ▬▬ ▬▬ ▬▬▬ ▬ ▬▬▬▬ ▬▬ ▬▬ ▬▬▬ ▬ ▬▬▬▬ ▬▬ ▬▬ ▬▬▬ ▬ ▬▬▬▬ ▬▬ ▬▬ ▬▬▬ ▬ ▬▬▬▬ ▬▬ ▬▬ ▬▬▬ ▬ ▬▬▬▬ ▬▬ ▬▬ ▬▬▬ ▬ ▬▬▬▬ ▬▬ ▬▬ ▬▬▬ ▬ ▬▬▬▬ ▬▬ ▬▬ ▬▬▬ ▬ ▬▬▬▬ ▬▬ ▬▬ ▬▬▬ ▬ ▬▬▬▬ ▬▬ ▬▬ ▬▬▬ ▬ ▬▬▬▬ ▬▬ ▬▬ ▬▬▬ ▬ ▬▬▬▬ ▬▬ ▬▬ ▬▬▬ ▬ ▬▬▬▬ ▬▬ ▬▬ ▬▬▬ ▬ ▬▬▬▬ ▬▬ ▬▬ ▬▬▬ ▬ ▬▬▬▬ ▬▬ ▬▬ ▬▬▬ ▬ ▬▬▬▬ ▬▬ ▬▬ ▬▬▬ ▬ ▬▬▬▬ ▬▬ ▬▬ ▬▬▬ ▬ ▬▬▬▬ ▬▬ ▬▬ ▬▬▬ ▬ ▬▬▬▬ ▬▬ ▬▬ ▬▬▬ ▬ ▬▬▬▬ ▬▬ ▬▬ ▬▬▬ ▬ ▬▬▬▬ ▬▬ ▬▬ ▬▬▬ ▬ ▬▬▬▬ ▬▬ ▬▬ ▬▬▬ ▬ ▬▬▬▬ ▬▬ ▬▬ ▬▬▬ ▬ ▬▬▬▬ ▬▬ ▬▬ ▬▬▬ ▬ ▬▬▬▬ ▬▬ ▬▬ ▬▬▬ ▬ ▬▬▬▬ ▬▬ ▬▬ ▬▬▬ ▬ ▬▬▬▬ ▬▬ ▬▬ ▬▬▬ ▬ ▬▬▬▬ ▬▬ ▬▬ ▬▬▬ ▬ ▬▬▬▬ ▬▬ ▬▬ ▬▬▬ ▬ ▬▬▬▬ ▬▬ ▬▬ ▬▬▬ ▬ ▬▬▬▬ ▬▬ ▬▬ ▬▬▬ ▬ ▬▬▬▬ ▬▬ ▬▬ ▬▬▬ ▬ ▬▬▬▬ ▬▬ ▬▬ ▬▬▬ ▬ ▬▬▬▬ ▬▬ ▬▬ ▬▬▬ ▬ ▬▬▬▬ ▬▬ ▬▬ ▬▬▬ ▬ ▬▬▬▬ ▬▬ ▬▬ ▬▬▬ ▬ ▬▬▬▬ ▬▬ ▬▬ ▬▬▬ ▬ ▬▬▬▬ ▬▬ ▬▬ ▬▬▬ ▬ ▬▬▬▬ ▬▬ ▬▬ ▬▬▬ ▬ ▬▬▬▬ ▬▬ ▬▬ ▬▬▬ ▬ ▬▬▬▬ ▬▬ ▬▬ ▬▬▬ ▬ ▬▬▬▬ ▬▬ ▬▬ ▬▬▬ ▬ ▬▬▬▬ ▬▬ ▬▬ ▬▬▬ ▬ ▬▬▬▬ ▬▬ ▬▬ ▬▬▬ ▬ ▬▬▬▬ ▬▬ ▬▬ ▬▬▬ ▬ ▬▬▬▬ ▬▬ ▬▬ ▬▬▬ ▬ ▬▬▬▬ ▬▬ ▬▬ ▬▬▬ ▬ ▬▬▬▬ ▬▬ ▬▬ ▬▬▬ ▬ ▬▬▬▬ ▬▬ ▬▬ ▬▬▬ ▬ ▬▬▬▬ ▬▬ ▬▬ ▬▬▬ ▬ ▬▬▬▬ ▬▬ ▬▬ ▬▬▬ ▬ ▬▬▬▬ ▬▬ ▬▬ ▬▬▬ ▬ ▬▬▬▬ ▬▬ ▬▬ ▬▬▬ ▬ ▬▬▬▬ ▬▬ ▬▬ ▬▬▬ ▬ ▬▬▬▬ ▬▬ ▬▬ ▬▬▬ ▬ ▬▬▬▬ ▬▬ ▬▬ ▬▬▬ ▬ ▬▬▬▬ ▬▬
Cricket Open Dates.
▬▬ ▬▬▬ ▬ ▬▬▬▬ ▬▬ ▬▬ ▬▬▬ ▬ ▬▬▬▬ ▬▬ ▬▬ ▬▬▬ ▬ ▬▬▬▬ ▬▬ ▬▬ ▬▬▬ ▬ ▬▬▬▬ ▬▬ ▬▬ ▬▬▬ ▬ ▬▬▬▬ ▬▬ ▬▬ ▬▬▬ ▬ ▬▬▬▬ ▬▬ ▬▬ ▬▬▬ ▬ ▬▬▬▬ ▬▬ ▬▬ ▬▬▬ ▬ ▬▬▬▬ ▬▬
GALLAHER'S "SILVER PLATE" CIGARETTES. 8d PER OUNCE.
Image © THE BRITISH LIBRARY BOARD. ALL RIGHTS RESERVED.
